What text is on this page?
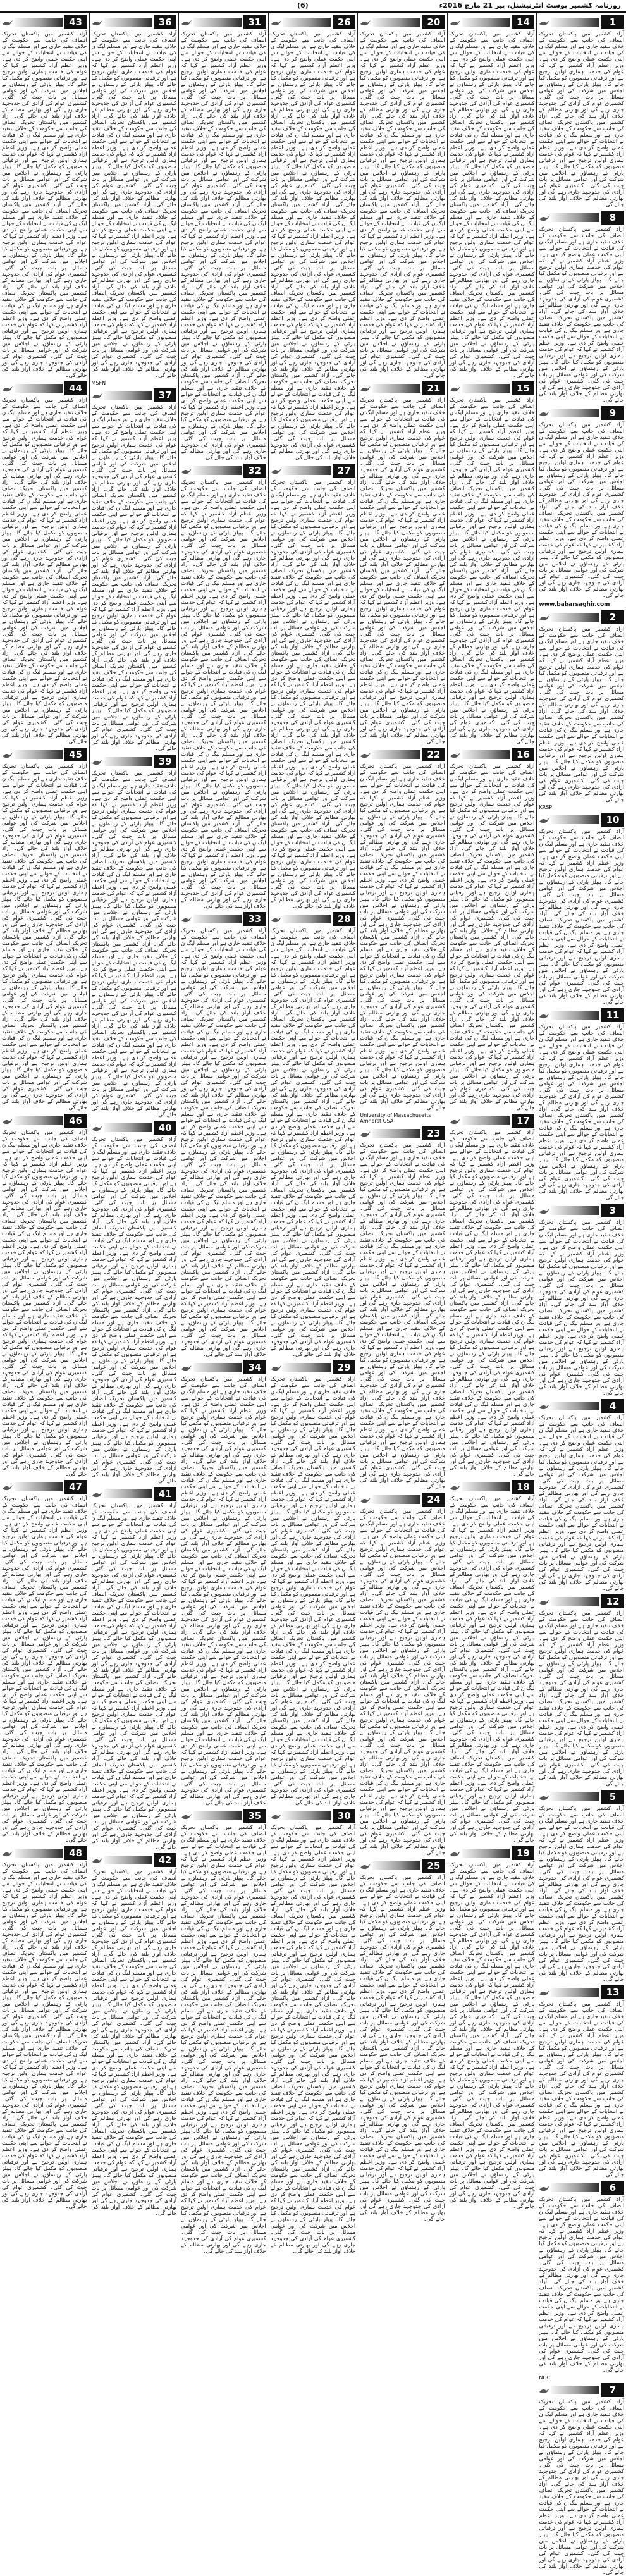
روزنامہ کشمیر پوسٹ انٹرنیشنل، پیر 21 مارچ 2016ء
(6)
1
آزاد کشمیر میں پاکستان تحریک انصاف کی جانب سے حکومت کے خلاف تنقید جاری ہے اور مسلم لیگ ن کی قیادت نے انتخابات کے حوالے سے اپنی حکمت عملی واضح کر دی ہے۔ وزیر اعظم آزاد کشمیر نے کہا کہ عوام کی خدمت ہماری اولین ترجیح ہے اور ترقیاتی منصوبوں کو مکمل کیا جائے گا۔ پیپلز پارٹی کے رہنماؤں نے اجلاس میں شرکت کی اور عوامی مسائل پر بات چیت کی گئی۔ کشمیری عوام کی آزادی کی جدوجہد جاری رہے گی اور بھارتی مظالم کے خلاف آواز بلند کی جائے گی۔ آزاد کشمیر میں پاکستان تحریک انصاف کی جانب سے حکومت کے خلاف تنقید جاری ہے اور مسلم لیگ ن کی قیادت نے انتخابات کے حوالے سے اپنی حکمت عملی واضح کر دی ہے۔ وزیر اعظم آزاد کشمیر نے کہا کہ عوام کی خدمت ہماری اولین ترجیح ہے اور ترقیاتی منصوبوں کو مکمل کیا جائے گا۔ پیپلز پارٹی کے رہنماؤں نے اجلاس میں شرکت کی اور عوامی مسائل پر بات چیت کی گئی۔ کشمیری عوام کی آزادی کی جدوجہد جاری رہے گی اور بھارتی مظالم کے خلاف آواز بلند کی جائے گی۔
8
آزاد کشمیر میں پاکستان تحریک انصاف کی جانب سے حکومت کے خلاف تنقید جاری ہے اور مسلم لیگ ن کی قیادت نے انتخابات کے حوالے سے اپنی حکمت عملی واضح کر دی ہے۔ وزیر اعظم آزاد کشمیر نے کہا کہ عوام کی خدمت ہماری اولین ترجیح ہے اور ترقیاتی منصوبوں کو مکمل کیا جائے گا۔ پیپلز پارٹی کے رہنماؤں نے اجلاس میں شرکت کی اور عوامی مسائل پر بات چیت کی گئی۔ کشمیری عوام کی آزادی کی جدوجہد جاری رہے گی اور بھارتی مظالم کے خلاف آواز بلند کی جائے گی۔ آزاد کشمیر میں پاکستان تحریک انصاف کی جانب سے حکومت کے خلاف تنقید جاری ہے اور مسلم لیگ ن کی قیادت نے انتخابات کے حوالے سے اپنی حکمت عملی واضح کر دی ہے۔ وزیر اعظم آزاد کشمیر نے کہا کہ عوام کی خدمت ہماری اولین ترجیح ہے اور ترقیاتی منصوبوں کو مکمل کیا جائے گا۔ پیپلز پارٹی کے رہنماؤں نے اجلاس میں شرکت کی اور عوامی مسائل پر بات چیت کی گئی۔ کشمیری عوام کی آزادی کی جدوجہد جاری رہے گی اور بھارتی مظالم کے خلاف آواز بلند کی جائے گی۔
9
آزاد کشمیر میں پاکستان تحریک انصاف کی جانب سے حکومت کے خلاف تنقید جاری ہے اور مسلم لیگ ن کی قیادت نے انتخابات کے حوالے سے اپنی حکمت عملی واضح کر دی ہے۔ وزیر اعظم آزاد کشمیر نے کہا کہ عوام کی خدمت ہماری اولین ترجیح ہے اور ترقیاتی منصوبوں کو مکمل کیا جائے گا۔ پیپلز پارٹی کے رہنماؤں نے اجلاس میں شرکت کی اور عوامی مسائل پر بات چیت کی گئی۔ کشمیری عوام کی آزادی کی جدوجہد جاری رہے گی اور بھارتی مظالم کے خلاف آواز بلند کی جائے گی۔ آزاد کشمیر میں پاکستان تحریک انصاف کی جانب سے حکومت کے خلاف تنقید جاری ہے اور مسلم لیگ ن کی قیادت نے انتخابات کے حوالے سے اپنی حکمت عملی واضح کر دی ہے۔ وزیر اعظم آزاد کشمیر نے کہا کہ عوام کی خدمت ہماری اولین ترجیح ہے اور ترقیاتی منصوبوں کو مکمل کیا جائے گا۔ پیپلز پارٹی کے رہنماؤں نے اجلاس میں شرکت کی اور عوامی مسائل پر بات چیت کی گئی۔ کشمیری عوام کی آزادی کی جدوجہد جاری رہے گی اور بھارتی مظالم کے خلاف آواز بلند کی جائے گی۔
www.babarsaghir.com
2
آزاد کشمیر میں پاکستان تحریک انصاف کی جانب سے حکومت کے خلاف تنقید جاری ہے اور مسلم لیگ ن کی قیادت نے انتخابات کے حوالے سے اپنی حکمت عملی واضح کر دی ہے۔ وزیر اعظم آزاد کشمیر نے کہا کہ عوام کی خدمت ہماری اولین ترجیح ہے اور ترقیاتی منصوبوں کو مکمل کیا جائے گا۔ پیپلز پارٹی کے رہنماؤں نے اجلاس میں شرکت کی اور عوامی مسائل پر بات چیت کی گئی۔ کشمیری عوام کی آزادی کی جدوجہد جاری رہے گی اور بھارتی مظالم کے خلاف آواز بلند کی جائے گی۔ آزاد کشمیر میں پاکستان تحریک انصاف کی جانب سے حکومت کے خلاف تنقید جاری ہے اور مسلم لیگ ن کی قیادت نے انتخابات کے حوالے سے اپنی حکمت عملی واضح کر دی ہے۔ وزیر اعظم آزاد کشمیر نے کہا کہ عوام کی خدمت ہماری اولین ترجیح ہے اور ترقیاتی منصوبوں کو مکمل کیا جائے گا۔ پیپلز پارٹی کے رہنماؤں نے اجلاس میں شرکت کی اور عوامی مسائل پر بات چیت کی گئی۔ کشمیری عوام کی آزادی کی جدوجہد جاری رہے گی اور بھارتی مظالم کے خلاف آواز بلند کی جائے گی۔
KRSP
10
آزاد کشمیر میں پاکستان تحریک انصاف کی جانب سے حکومت کے خلاف تنقید جاری ہے اور مسلم لیگ ن کی قیادت نے انتخابات کے حوالے سے اپنی حکمت عملی واضح کر دی ہے۔ وزیر اعظم آزاد کشمیر نے کہا کہ عوام کی خدمت ہماری اولین ترجیح ہے اور ترقیاتی منصوبوں کو مکمل کیا جائے گا۔ پیپلز پارٹی کے رہنماؤں نے اجلاس میں شرکت کی اور عوامی مسائل پر بات چیت کی گئی۔ کشمیری عوام کی آزادی کی جدوجہد جاری رہے گی اور بھارتی مظالم کے خلاف آواز بلند کی جائے گی۔ آزاد کشمیر میں پاکستان تحریک انصاف کی جانب سے حکومت کے خلاف تنقید جاری ہے اور مسلم لیگ ن کی قیادت نے انتخابات کے حوالے سے اپنی حکمت عملی واضح کر دی ہے۔ وزیر اعظم آزاد کشمیر نے کہا کہ عوام کی خدمت ہماری اولین ترجیح ہے اور ترقیاتی منصوبوں کو مکمل کیا جائے گا۔ پیپلز پارٹی کے رہنماؤں نے اجلاس میں شرکت کی اور عوامی مسائل پر بات چیت کی گئی۔ کشمیری عوام کی آزادی کی جدوجہد جاری رہے گی اور بھارتی مظالم کے خلاف آواز بلند کی جائے گی۔
11
آزاد کشمیر میں پاکستان تحریک انصاف کی جانب سے حکومت کے خلاف تنقید جاری ہے اور مسلم لیگ ن کی قیادت نے انتخابات کے حوالے سے اپنی حکمت عملی واضح کر دی ہے۔ وزیر اعظم آزاد کشمیر نے کہا کہ عوام کی خدمت ہماری اولین ترجیح ہے اور ترقیاتی منصوبوں کو مکمل کیا جائے گا۔ پیپلز پارٹی کے رہنماؤں نے اجلاس میں شرکت کی اور عوامی مسائل پر بات چیت کی گئی۔ کشمیری عوام کی آزادی کی جدوجہد جاری رہے گی اور بھارتی مظالم کے خلاف آواز بلند کی جائے گی۔ آزاد کشمیر میں پاکستان تحریک انصاف کی جانب سے حکومت کے خلاف تنقید جاری ہے اور مسلم لیگ ن کی قیادت نے انتخابات کے حوالے سے اپنی حکمت عملی واضح کر دی ہے۔ وزیر اعظم آزاد کشمیر نے کہا کہ عوام کی خدمت ہماری اولین ترجیح ہے اور ترقیاتی منصوبوں کو مکمل کیا جائے گا۔ پیپلز پارٹی کے رہنماؤں نے اجلاس میں شرکت کی اور عوامی مسائل پر بات چیت کی گئی۔ کشمیری عوام کی آزادی کی جدوجہد جاری رہے گی اور بھارتی مظالم کے خلاف آواز بلند کی جائے گی۔
3
آزاد کشمیر میں پاکستان تحریک انصاف کی جانب سے حکومت کے خلاف تنقید جاری ہے اور مسلم لیگ ن کی قیادت نے انتخابات کے حوالے سے اپنی حکمت عملی واضح کر دی ہے۔ وزیر اعظم آزاد کشمیر نے کہا کہ عوام کی خدمت ہماری اولین ترجیح ہے اور ترقیاتی منصوبوں کو مکمل کیا جائے گا۔ پیپلز پارٹی کے رہنماؤں نے اجلاس میں شرکت کی اور عوامی مسائل پر بات چیت کی گئی۔ کشمیری عوام کی آزادی کی جدوجہد جاری رہے گی اور بھارتی مظالم کے خلاف آواز بلند کی جائے گی۔ آزاد کشمیر میں پاکستان تحریک انصاف کی جانب سے حکومت کے خلاف تنقید جاری ہے اور مسلم لیگ ن کی قیادت نے انتخابات کے حوالے سے اپنی حکمت عملی واضح کر دی ہے۔ وزیر اعظم آزاد کشمیر نے کہا کہ عوام کی خدمت ہماری اولین ترجیح ہے اور ترقیاتی منصوبوں کو مکمل کیا جائے گا۔ پیپلز پارٹی کے رہنماؤں نے اجلاس میں شرکت کی اور عوامی مسائل پر بات چیت کی گئی۔ کشمیری عوام کی آزادی کی جدوجہد جاری رہے گی اور بھارتی مظالم کے خلاف آواز بلند کی جائے گی۔
4
آزاد کشمیر میں پاکستان تحریک انصاف کی جانب سے حکومت کے خلاف تنقید جاری ہے اور مسلم لیگ ن کی قیادت نے انتخابات کے حوالے سے اپنی حکمت عملی واضح کر دی ہے۔ وزیر اعظم آزاد کشمیر نے کہا کہ عوام کی خدمت ہماری اولین ترجیح ہے اور ترقیاتی منصوبوں کو مکمل کیا جائے گا۔ پیپلز پارٹی کے رہنماؤں نے اجلاس میں شرکت کی اور عوامی مسائل پر بات چیت کی گئی۔ کشمیری عوام کی آزادی کی جدوجہد جاری رہے گی اور بھارتی مظالم کے خلاف آواز بلند کی جائے گی۔ آزاد کشمیر میں پاکستان تحریک انصاف کی جانب سے حکومت کے خلاف تنقید جاری ہے اور مسلم لیگ ن کی قیادت نے انتخابات کے حوالے سے اپنی حکمت عملی واضح کر دی ہے۔ وزیر اعظم آزاد کشمیر نے کہا کہ عوام کی خدمت ہماری اولین ترجیح ہے اور ترقیاتی منصوبوں کو مکمل کیا جائے گا۔ پیپلز پارٹی کے رہنماؤں نے اجلاس میں شرکت کی اور عوامی مسائل پر بات چیت کی گئی۔ کشمیری عوام کی آزادی کی جدوجہد جاری رہے گی اور بھارتی مظالم کے خلاف آواز بلند کی جائے گی۔
12
آزاد کشمیر میں پاکستان تحریک انصاف کی جانب سے حکومت کے خلاف تنقید جاری ہے اور مسلم لیگ ن کی قیادت نے انتخابات کے حوالے سے اپنی حکمت عملی واضح کر دی ہے۔ وزیر اعظم آزاد کشمیر نے کہا کہ عوام کی خدمت ہماری اولین ترجیح ہے اور ترقیاتی منصوبوں کو مکمل کیا جائے گا۔ پیپلز پارٹی کے رہنماؤں نے اجلاس میں شرکت کی اور عوامی مسائل پر بات چیت کی گئی۔ کشمیری عوام کی آزادی کی جدوجہد جاری رہے گی اور بھارتی مظالم کے خلاف آواز بلند کی جائے گی۔ آزاد کشمیر میں پاکستان تحریک انصاف کی جانب سے حکومت کے خلاف تنقید جاری ہے اور مسلم لیگ ن کی قیادت نے انتخابات کے حوالے سے اپنی حکمت عملی واضح کر دی ہے۔ وزیر اعظم آزاد کشمیر نے کہا کہ عوام کی خدمت ہماری اولین ترجیح ہے اور ترقیاتی منصوبوں کو مکمل کیا جائے گا۔ پیپلز پارٹی کے رہنماؤں نے اجلاس میں شرکت کی اور عوامی مسائل پر بات چیت کی گئی۔ کشمیری عوام کی آزادی کی جدوجہد جاری رہے گی اور بھارتی مظالم کے خلاف آواز بلند کی جائے گی۔
5
آزاد کشمیر میں پاکستان تحریک انصاف کی جانب سے حکومت کے خلاف تنقید جاری ہے اور مسلم لیگ ن کی قیادت نے انتخابات کے حوالے سے اپنی حکمت عملی واضح کر دی ہے۔ وزیر اعظم آزاد کشمیر نے کہا کہ عوام کی خدمت ہماری اولین ترجیح ہے اور ترقیاتی منصوبوں کو مکمل کیا جائے گا۔ پیپلز پارٹی کے رہنماؤں نے اجلاس میں شرکت کی اور عوامی مسائل پر بات چیت کی گئی۔ کشمیری عوام کی آزادی کی جدوجہد جاری رہے گی اور بھارتی مظالم کے خلاف آواز بلند کی جائے گی۔ آزاد کشمیر میں پاکستان تحریک انصاف کی جانب سے حکومت کے خلاف تنقید جاری ہے اور مسلم لیگ ن کی قیادت نے انتخابات کے حوالے سے اپنی حکمت عملی واضح کر دی ہے۔ وزیر اعظم آزاد کشمیر نے کہا کہ عوام کی خدمت ہماری اولین ترجیح ہے اور ترقیاتی منصوبوں کو مکمل کیا جائے گا۔ پیپلز پارٹی کے رہنماؤں نے اجلاس میں شرکت کی اور عوامی مسائل پر بات چیت کی گئی۔ کشمیری عوام کی آزادی کی جدوجہد جاری رہے گی اور بھارتی مظالم کے خلاف آواز بلند کی جائے گی۔
13
آزاد کشمیر میں پاکستان تحریک انصاف کی جانب سے حکومت کے خلاف تنقید جاری ہے اور مسلم لیگ ن کی قیادت نے انتخابات کے حوالے سے اپنی حکمت عملی واضح کر دی ہے۔ وزیر اعظم آزاد کشمیر نے کہا کہ عوام کی خدمت ہماری اولین ترجیح ہے اور ترقیاتی منصوبوں کو مکمل کیا جائے گا۔ پیپلز پارٹی کے رہنماؤں نے اجلاس میں شرکت کی اور عوامی مسائل پر بات چیت کی گئی۔ کشمیری عوام کی آزادی کی جدوجہد جاری رہے گی اور بھارتی مظالم کے خلاف آواز بلند کی جائے گی۔ آزاد کشمیر میں پاکستان تحریک انصاف کی جانب سے حکومت کے خلاف تنقید جاری ہے اور مسلم لیگ ن کی قیادت نے انتخابات کے حوالے سے اپنی حکمت عملی واضح کر دی ہے۔ وزیر اعظم آزاد کشمیر نے کہا کہ عوام کی خدمت ہماری اولین ترجیح ہے اور ترقیاتی منصوبوں کو مکمل کیا جائے گا۔ پیپلز پارٹی کے رہنماؤں نے اجلاس میں شرکت کی اور عوامی مسائل پر بات چیت کی گئی۔ کشمیری عوام کی آزادی کی جدوجہد جاری رہے گی اور بھارتی مظالم کے خلاف آواز بلند کی جائے گی۔
6
آزاد کشمیر میں پاکستان تحریک انصاف کی جانب سے حکومت کے خلاف تنقید جاری ہے اور مسلم لیگ ن کی قیادت نے انتخابات کے حوالے سے اپنی حکمت عملی واضح کر دی ہے۔ وزیر اعظم آزاد کشمیر نے کہا کہ عوام کی خدمت ہماری اولین ترجیح ہے اور ترقیاتی منصوبوں کو مکمل کیا جائے گا۔ پیپلز پارٹی کے رہنماؤں نے اجلاس میں شرکت کی اور عوامی مسائل پر بات چیت کی گئی۔ کشمیری عوام کی آزادی کی جدوجہد جاری رہے گی اور بھارتی مظالم کے خلاف آواز بلند کی جائے گی۔ آزاد کشمیر میں پاکستان تحریک انصاف کی جانب سے حکومت کے خلاف تنقید جاری ہے اور مسلم لیگ ن کی قیادت نے انتخابات کے حوالے سے اپنی حکمت عملی واضح کر دی ہے۔ وزیر اعظم آزاد کشمیر نے کہا کہ عوام کی خدمت ہماری اولین ترجیح ہے اور ترقیاتی منصوبوں کو مکمل کیا جائے گا۔ پیپلز پارٹی کے رہنماؤں نے اجلاس میں شرکت کی اور عوامی مسائل پر بات چیت کی گئی۔ کشمیری عوام کی آزادی کی جدوجہد جاری رہے گی اور بھارتی مظالم کے خلاف آواز بلند کی جائے گی۔
NOC
7
آزاد کشمیر میں پاکستان تحریک انصاف کی جانب سے حکومت کے خلاف تنقید جاری ہے اور مسلم لیگ ن کی قیادت نے انتخابات کے حوالے سے اپنی حکمت عملی واضح کر دی ہے۔ وزیر اعظم آزاد کشمیر نے کہا کہ عوام کی خدمت ہماری اولین ترجیح ہے اور ترقیاتی منصوبوں کو مکمل کیا جائے گا۔ پیپلز پارٹی کے رہنماؤں نے اجلاس میں شرکت کی اور عوامی مسائل پر بات چیت کی گئی۔ کشمیری عوام کی آزادی کی جدوجہد جاری رہے گی اور بھارتی مظالم کے خلاف آواز بلند کی جائے گی۔ آزاد کشمیر میں پاکستان تحریک انصاف کی جانب سے حکومت کے خلاف تنقید جاری ہے اور مسلم لیگ ن کی قیادت نے انتخابات کے حوالے سے اپنی حکمت عملی واضح کر دی ہے۔ وزیر اعظم آزاد کشمیر نے کہا کہ عوام کی خدمت ہماری اولین ترجیح ہے اور ترقیاتی منصوبوں کو مکمل کیا جائے گا۔ پیپلز پارٹی کے رہنماؤں نے اجلاس میں شرکت کی اور عوامی مسائل پر بات چیت کی گئی۔ کشمیری عوام کی آزادی کی جدوجہد جاری رہے گی اور بھارتی مظالم کے خلاف آواز بلند کی جائے گی۔
14
آزاد کشمیر میں پاکستان تحریک انصاف کی جانب سے حکومت کے خلاف تنقید جاری ہے اور مسلم لیگ ن کی قیادت نے انتخابات کے حوالے سے اپنی حکمت عملی واضح کر دی ہے۔ وزیر اعظم آزاد کشمیر نے کہا کہ عوام کی خدمت ہماری اولین ترجیح ہے اور ترقیاتی منصوبوں کو مکمل کیا جائے گا۔ پیپلز پارٹی کے رہنماؤں نے اجلاس میں شرکت کی اور عوامی مسائل پر بات چیت کی گئی۔ کشمیری عوام کی آزادی کی جدوجہد جاری رہے گی اور بھارتی مظالم کے خلاف آواز بلند کی جائے گی۔ آزاد کشمیر میں پاکستان تحریک انصاف کی جانب سے حکومت کے خلاف تنقید جاری ہے اور مسلم لیگ ن کی قیادت نے انتخابات کے حوالے سے اپنی حکمت عملی واضح کر دی ہے۔ وزیر اعظم آزاد کشمیر نے کہا کہ عوام کی خدمت ہماری اولین ترجیح ہے اور ترقیاتی منصوبوں کو مکمل کیا جائے گا۔ پیپلز پارٹی کے رہنماؤں نے اجلاس میں شرکت کی اور عوامی مسائل پر بات چیت کی گئی۔ کشمیری عوام کی آزادی کی جدوجہد جاری رہے گی اور بھارتی مظالم کے خلاف آواز بلند کی جائے گی۔ آزاد کشمیر میں پاکستان تحریک انصاف کی جانب سے حکومت کے خلاف تنقید جاری ہے اور مسلم لیگ ن کی قیادت نے انتخابات کے حوالے سے اپنی حکمت عملی واضح کر دی ہے۔ وزیر اعظم آزاد کشمیر نے کہا کہ عوام کی خدمت ہماری اولین ترجیح ہے اور ترقیاتی منصوبوں کو مکمل کیا جائے گا۔ پیپلز پارٹی کے رہنماؤں نے اجلاس میں شرکت کی اور عوامی مسائل پر بات چیت کی گئی۔ کشمیری عوام کی آزادی کی جدوجہد جاری رہے گی اور بھارتی مظالم کے خلاف آواز بلند کی جائے گی۔ آزاد کشمیر میں پاکستان تحریک انصاف کی جانب سے حکومت کے خلاف تنقید جاری ہے اور مسلم لیگ ن کی قیادت نے انتخابات کے حوالے سے اپنی حکمت عملی واضح کر دی ہے۔ وزیر اعظم آزاد کشمیر نے کہا کہ عوام کی خدمت ہماری اولین ترجیح ہے اور ترقیاتی منصوبوں کو مکمل کیا جائے گا۔ پیپلز پارٹی کے رہنماؤں نے اجلاس میں شرکت کی اور عوامی مسائل پر بات چیت کی گئی۔ کشمیری عوام کی آزادی کی جدوجہد جاری رہے گی اور بھارتی مظالم کے خلاف آواز بلند کی جائے گی۔
15
آزاد کشمیر میں پاکستان تحریک انصاف کی جانب سے حکومت کے خلاف تنقید جاری ہے اور مسلم لیگ ن کی قیادت نے انتخابات کے حوالے سے اپنی حکمت عملی واضح کر دی ہے۔ وزیر اعظم آزاد کشمیر نے کہا کہ عوام کی خدمت ہماری اولین ترجیح ہے اور ترقیاتی منصوبوں کو مکمل کیا جائے گا۔ پیپلز پارٹی کے رہنماؤں نے اجلاس میں شرکت کی اور عوامی مسائل پر بات چیت کی گئی۔ کشمیری عوام کی آزادی کی جدوجہد جاری رہے گی اور بھارتی مظالم کے خلاف آواز بلند کی جائے گی۔ آزاد کشمیر میں پاکستان تحریک انصاف کی جانب سے حکومت کے خلاف تنقید جاری ہے اور مسلم لیگ ن کی قیادت نے انتخابات کے حوالے سے اپنی حکمت عملی واضح کر دی ہے۔ وزیر اعظم آزاد کشمیر نے کہا کہ عوام کی خدمت ہماری اولین ترجیح ہے اور ترقیاتی منصوبوں کو مکمل کیا جائے گا۔ پیپلز پارٹی کے رہنماؤں نے اجلاس میں شرکت کی اور عوامی مسائل پر بات چیت کی گئی۔ کشمیری عوام کی آزادی کی جدوجہد جاری رہے گی اور بھارتی مظالم کے خلاف آواز بلند کی جائے گی۔ آزاد کشمیر میں پاکستان تحریک انصاف کی جانب سے حکومت کے خلاف تنقید جاری ہے اور مسلم لیگ ن کی قیادت نے انتخابات کے حوالے سے اپنی حکمت عملی واضح کر دی ہے۔ وزیر اعظم آزاد کشمیر نے کہا کہ عوام کی خدمت ہماری اولین ترجیح ہے اور ترقیاتی منصوبوں کو مکمل کیا جائے گا۔ پیپلز پارٹی کے رہنماؤں نے اجلاس میں شرکت کی اور عوامی مسائل پر بات چیت کی گئی۔ کشمیری عوام کی آزادی کی جدوجہد جاری رہے گی اور بھارتی مظالم کے خلاف آواز بلند کی جائے گی۔ آزاد کشمیر میں پاکستان تحریک انصاف کی جانب سے حکومت کے خلاف تنقید جاری ہے اور مسلم لیگ ن کی قیادت نے انتخابات کے حوالے سے اپنی حکمت عملی واضح کر دی ہے۔ وزیر اعظم آزاد کشمیر نے کہا کہ عوام کی خدمت ہماری اولین ترجیح ہے اور ترقیاتی منصوبوں کو مکمل کیا جائے گا۔ پیپلز پارٹی کے رہنماؤں نے اجلاس میں شرکت کی اور عوامی مسائل پر بات چیت کی گئی۔ کشمیری عوام کی آزادی کی جدوجہد جاری رہے گی اور بھارتی مظالم کے خلاف آواز بلند کی جائے گی۔
16
آزاد کشمیر میں پاکستان تحریک انصاف کی جانب سے حکومت کے خلاف تنقید جاری ہے اور مسلم لیگ ن کی قیادت نے انتخابات کے حوالے سے اپنی حکمت عملی واضح کر دی ہے۔ وزیر اعظم آزاد کشمیر نے کہا کہ عوام کی خدمت ہماری اولین ترجیح ہے اور ترقیاتی منصوبوں کو مکمل کیا جائے گا۔ پیپلز پارٹی کے رہنماؤں نے اجلاس میں شرکت کی اور عوامی مسائل پر بات چیت کی گئی۔ کشمیری عوام کی آزادی کی جدوجہد جاری رہے گی اور بھارتی مظالم کے خلاف آواز بلند کی جائے گی۔ آزاد کشمیر میں پاکستان تحریک انصاف کی جانب سے حکومت کے خلاف تنقید جاری ہے اور مسلم لیگ ن کی قیادت نے انتخابات کے حوالے سے اپنی حکمت عملی واضح کر دی ہے۔ وزیر اعظم آزاد کشمیر نے کہا کہ عوام کی خدمت ہماری اولین ترجیح ہے اور ترقیاتی منصوبوں کو مکمل کیا جائے گا۔ پیپلز پارٹی کے رہنماؤں نے اجلاس میں شرکت کی اور عوامی مسائل پر بات چیت کی گئی۔ کشمیری عوام کی آزادی کی جدوجہد جاری رہے گی اور بھارتی مظالم کے خلاف آواز بلند کی جائے گی۔ آزاد کشمیر میں پاکستان تحریک انصاف کی جانب سے حکومت کے خلاف تنقید جاری ہے اور مسلم لیگ ن کی قیادت نے انتخابات کے حوالے سے اپنی حکمت عملی واضح کر دی ہے۔ وزیر اعظم آزاد کشمیر نے کہا کہ عوام کی خدمت ہماری اولین ترجیح ہے اور ترقیاتی منصوبوں کو مکمل کیا جائے گا۔ پیپلز پارٹی کے رہنماؤں نے اجلاس میں شرکت کی اور عوامی مسائل پر بات چیت کی گئی۔ کشمیری عوام کی آزادی کی جدوجہد جاری رہے گی اور بھارتی مظالم کے خلاف آواز بلند کی جائے گی۔ آزاد کشمیر میں پاکستان تحریک انصاف کی جانب سے حکومت کے خلاف تنقید جاری ہے اور مسلم لیگ ن کی قیادت نے انتخابات کے حوالے سے اپنی حکمت عملی واضح کر دی ہے۔ وزیر اعظم آزاد کشمیر نے کہا کہ عوام کی خدمت ہماری اولین ترجیح ہے اور ترقیاتی منصوبوں کو مکمل کیا جائے گا۔ پیپلز پارٹی کے رہنماؤں نے اجلاس میں شرکت کی اور عوامی مسائل پر بات چیت کی گئی۔ کشمیری عوام کی آزادی کی جدوجہد جاری رہے گی اور بھارتی مظالم کے خلاف آواز بلند کی جائے گی۔
17
آزاد کشمیر میں پاکستان تحریک انصاف کی جانب سے حکومت کے خلاف تنقید جاری ہے اور مسلم لیگ ن کی قیادت نے انتخابات کے حوالے سے اپنی حکمت عملی واضح کر دی ہے۔ وزیر اعظم آزاد کشمیر نے کہا کہ عوام کی خدمت ہماری اولین ترجیح ہے اور ترقیاتی منصوبوں کو مکمل کیا جائے گا۔ پیپلز پارٹی کے رہنماؤں نے اجلاس میں شرکت کی اور عوامی مسائل پر بات چیت کی گئی۔ کشمیری عوام کی آزادی کی جدوجہد جاری رہے گی اور بھارتی مظالم کے خلاف آواز بلند کی جائے گی۔ آزاد کشمیر میں پاکستان تحریک انصاف کی جانب سے حکومت کے خلاف تنقید جاری ہے اور مسلم لیگ ن کی قیادت نے انتخابات کے حوالے سے اپنی حکمت عملی واضح کر دی ہے۔ وزیر اعظم آزاد کشمیر نے کہا کہ عوام کی خدمت ہماری اولین ترجیح ہے اور ترقیاتی منصوبوں کو مکمل کیا جائے گا۔ پیپلز پارٹی کے رہنماؤں نے اجلاس میں شرکت کی اور عوامی مسائل پر بات چیت کی گئی۔ کشمیری عوام کی آزادی کی جدوجہد جاری رہے گی اور بھارتی مظالم کے خلاف آواز بلند کی جائے گی۔ آزاد کشمیر میں پاکستان تحریک انصاف کی جانب سے حکومت کے خلاف تنقید جاری ہے اور مسلم لیگ ن کی قیادت نے انتخابات کے حوالے سے اپنی حکمت عملی واضح کر دی ہے۔ وزیر اعظم آزاد کشمیر نے کہا کہ عوام کی خدمت ہماری اولین ترجیح ہے اور ترقیاتی منصوبوں کو مکمل کیا جائے گا۔ پیپلز پارٹی کے رہنماؤں نے اجلاس میں شرکت کی اور عوامی مسائل پر بات چیت کی گئی۔ کشمیری عوام کی آزادی کی جدوجہد جاری رہے گی اور بھارتی مظالم کے خلاف آواز بلند کی جائے گی۔ آزاد کشمیر میں پاکستان تحریک انصاف کی جانب سے حکومت کے خلاف تنقید جاری ہے اور مسلم لیگ ن کی قیادت نے انتخابات کے حوالے سے اپنی حکمت عملی واضح کر دی ہے۔ وزیر اعظم آزاد کشمیر نے کہا کہ عوام کی خدمت ہماری اولین ترجیح ہے اور ترقیاتی منصوبوں کو مکمل کیا جائے گا۔ پیپلز پارٹی کے رہنماؤں نے اجلاس میں شرکت کی اور عوامی مسائل پر بات چیت کی گئی۔ کشمیری عوام کی آزادی کی جدوجہد جاری رہے گی اور بھارتی مظالم کے خلاف آواز بلند کی جائے گی۔
18
آزاد کشمیر میں پاکستان تحریک انصاف کی جانب سے حکومت کے خلاف تنقید جاری ہے اور مسلم لیگ ن کی قیادت نے انتخابات کے حوالے سے اپنی حکمت عملی واضح کر دی ہے۔ وزیر اعظم آزاد کشمیر نے کہا کہ عوام کی خدمت ہماری اولین ترجیح ہے اور ترقیاتی منصوبوں کو مکمل کیا جائے گا۔ پیپلز پارٹی کے رہنماؤں نے اجلاس میں شرکت کی اور عوامی مسائل پر بات چیت کی گئی۔ کشمیری عوام کی آزادی کی جدوجہد جاری رہے گی اور بھارتی مظالم کے خلاف آواز بلند کی جائے گی۔ آزاد کشمیر میں پاکستان تحریک انصاف کی جانب سے حکومت کے خلاف تنقید جاری ہے اور مسلم لیگ ن کی قیادت نے انتخابات کے حوالے سے اپنی حکمت عملی واضح کر دی ہے۔ وزیر اعظم آزاد کشمیر نے کہا کہ عوام کی خدمت ہماری اولین ترجیح ہے اور ترقیاتی منصوبوں کو مکمل کیا جائے گا۔ پیپلز پارٹی کے رہنماؤں نے اجلاس میں شرکت کی اور عوامی مسائل پر بات چیت کی گئی۔ کشمیری عوام کی آزادی کی جدوجہد جاری رہے گی اور بھارتی مظالم کے خلاف آواز بلند کی جائے گی۔ آزاد کشمیر میں پاکستان تحریک انصاف کی جانب سے حکومت کے خلاف تنقید جاری ہے اور مسلم لیگ ن کی قیادت نے انتخابات کے حوالے سے اپنی حکمت عملی واضح کر دی ہے۔ وزیر اعظم آزاد کشمیر نے کہا کہ عوام کی خدمت ہماری اولین ترجیح ہے اور ترقیاتی منصوبوں کو مکمل کیا جائے گا۔ پیپلز پارٹی کے رہنماؤں نے اجلاس میں شرکت کی اور عوامی مسائل پر بات چیت کی گئی۔ کشمیری عوام کی آزادی کی جدوجہد جاری رہے گی اور بھارتی مظالم کے خلاف آواز بلند کی جائے گی۔ آزاد کشمیر میں پاکستان تحریک انصاف کی جانب سے حکومت کے خلاف تنقید جاری ہے اور مسلم لیگ ن کی قیادت نے انتخابات کے حوالے سے اپنی حکمت عملی واضح کر دی ہے۔ وزیر اعظم آزاد کشمیر نے کہا کہ عوام کی خدمت ہماری اولین ترجیح ہے اور ترقیاتی منصوبوں کو مکمل کیا جائے گا۔ پیپلز پارٹی کے رہنماؤں نے اجلاس میں شرکت کی اور عوامی مسائل پر بات چیت کی گئی۔ کشمیری عوام کی آزادی کی جدوجہد جاری رہے گی اور بھارتی مظالم کے خلاف آواز بلند کی جائے گی۔
19
آزاد کشمیر میں پاکستان تحریک انصاف کی جانب سے حکومت کے خلاف تنقید جاری ہے اور مسلم لیگ ن کی قیادت نے انتخابات کے حوالے سے اپنی حکمت عملی واضح کر دی ہے۔ وزیر اعظم آزاد کشمیر نے کہا کہ عوام کی خدمت ہماری اولین ترجیح ہے اور ترقیاتی منصوبوں کو مکمل کیا جائے گا۔ پیپلز پارٹی کے رہنماؤں نے اجلاس میں شرکت کی اور عوامی مسائل پر بات چیت کی گئی۔ کشمیری عوام کی آزادی کی جدوجہد جاری رہے گی اور بھارتی مظالم کے خلاف آواز بلند کی جائے گی۔ آزاد کشمیر میں پاکستان تحریک انصاف کی جانب سے حکومت کے خلاف تنقید جاری ہے اور مسلم لیگ ن کی قیادت نے انتخابات کے حوالے سے اپنی حکمت عملی واضح کر دی ہے۔ وزیر اعظم آزاد کشمیر نے کہا کہ عوام کی خدمت ہماری اولین ترجیح ہے اور ترقیاتی منصوبوں کو مکمل کیا جائے گا۔ پیپلز پارٹی کے رہنماؤں نے اجلاس میں شرکت کی اور عوامی مسائل پر بات چیت کی گئی۔ کشمیری عوام کی آزادی کی جدوجہد جاری رہے گی اور بھارتی مظالم کے خلاف آواز بلند کی جائے گی۔ آزاد کشمیر میں پاکستان تحریک انصاف کی جانب سے حکومت کے خلاف تنقید جاری ہے اور مسلم لیگ ن کی قیادت نے انتخابات کے حوالے سے اپنی حکمت عملی واضح کر دی ہے۔ وزیر اعظم آزاد کشمیر نے کہا کہ عوام کی خدمت ہماری اولین ترجیح ہے اور ترقیاتی منصوبوں کو مکمل کیا جائے گا۔ پیپلز پارٹی کے رہنماؤں نے اجلاس میں شرکت کی اور عوامی مسائل پر بات چیت کی گئی۔ کشمیری عوام کی آزادی کی جدوجہد جاری رہے گی اور بھارتی مظالم کے خلاف آواز بلند کی جائے گی۔ آزاد کشمیر میں پاکستان تحریک انصاف کی جانب سے حکومت کے خلاف تنقید جاری ہے اور مسلم لیگ ن کی قیادت نے انتخابات کے حوالے سے اپنی حکمت عملی واضح کر دی ہے۔ وزیر اعظم آزاد کشمیر نے کہا کہ عوام کی خدمت ہماری اولین ترجیح ہے اور ترقیاتی منصوبوں کو مکمل کیا جائے گا۔ پیپلز پارٹی کے رہنماؤں نے اجلاس میں شرکت کی اور عوامی مسائل پر بات چیت کی گئی۔ کشمیری عوام کی آزادی کی جدوجہد جاری رہے گی اور بھارتی مظالم کے خلاف آواز بلند کی جائے گی۔
20
آزاد کشمیر میں پاکستان تحریک انصاف کی جانب سے حکومت کے خلاف تنقید جاری ہے اور مسلم لیگ ن کی قیادت نے انتخابات کے حوالے سے اپنی حکمت عملی واضح کر دی ہے۔ وزیر اعظم آزاد کشمیر نے کہا کہ عوام کی خدمت ہماری اولین ترجیح ہے اور ترقیاتی منصوبوں کو مکمل کیا جائے گا۔ پیپلز پارٹی کے رہنماؤں نے اجلاس میں شرکت کی اور عوامی مسائل پر بات چیت کی گئی۔ کشمیری عوام کی آزادی کی جدوجہد جاری رہے گی اور بھارتی مظالم کے خلاف آواز بلند کی جائے گی۔ آزاد کشمیر میں پاکستان تحریک انصاف کی جانب سے حکومت کے خلاف تنقید جاری ہے اور مسلم لیگ ن کی قیادت نے انتخابات کے حوالے سے اپنی حکمت عملی واضح کر دی ہے۔ وزیر اعظم آزاد کشمیر نے کہا کہ عوام کی خدمت ہماری اولین ترجیح ہے اور ترقیاتی منصوبوں کو مکمل کیا جائے گا۔ پیپلز پارٹی کے رہنماؤں نے اجلاس میں شرکت کی اور عوامی مسائل پر بات چیت کی گئی۔ کشمیری عوام کی آزادی کی جدوجہد جاری رہے گی اور بھارتی مظالم کے خلاف آواز بلند کی جائے گی۔ آزاد کشمیر میں پاکستان تحریک انصاف کی جانب سے حکومت کے خلاف تنقید جاری ہے اور مسلم لیگ ن کی قیادت نے انتخابات کے حوالے سے اپنی حکمت عملی واضح کر دی ہے۔ وزیر اعظم آزاد کشمیر نے کہا کہ عوام کی خدمت ہماری اولین ترجیح ہے اور ترقیاتی منصوبوں کو مکمل کیا جائے گا۔ پیپلز پارٹی کے رہنماؤں نے اجلاس میں شرکت کی اور عوامی مسائل پر بات چیت کی گئی۔ کشمیری عوام کی آزادی کی جدوجہد جاری رہے گی اور بھارتی مظالم کے خلاف آواز بلند کی جائے گی۔ آزاد کشمیر میں پاکستان تحریک انصاف کی جانب سے حکومت کے خلاف تنقید جاری ہے اور مسلم لیگ ن کی قیادت نے انتخابات کے حوالے سے اپنی حکمت عملی واضح کر دی ہے۔ وزیر اعظم آزاد کشمیر نے کہا کہ عوام کی خدمت ہماری اولین ترجیح ہے اور ترقیاتی منصوبوں کو مکمل کیا جائے گا۔ پیپلز پارٹی کے رہنماؤں نے اجلاس میں شرکت کی اور عوامی مسائل پر بات چیت کی گئی۔ کشمیری عوام کی آزادی کی جدوجہد جاری رہے گی اور بھارتی مظالم کے خلاف آواز بلند کی جائے گی۔
21
آزاد کشمیر میں پاکستان تحریک انصاف کی جانب سے حکومت کے خلاف تنقید جاری ہے اور مسلم لیگ ن کی قیادت نے انتخابات کے حوالے سے اپنی حکمت عملی واضح کر دی ہے۔ وزیر اعظم آزاد کشمیر نے کہا کہ عوام کی خدمت ہماری اولین ترجیح ہے اور ترقیاتی منصوبوں کو مکمل کیا جائے گا۔ پیپلز پارٹی کے رہنماؤں نے اجلاس میں شرکت کی اور عوامی مسائل پر بات چیت کی گئی۔ کشمیری عوام کی آزادی کی جدوجہد جاری رہے گی اور بھارتی مظالم کے خلاف آواز بلند کی جائے گی۔ آزاد کشمیر میں پاکستان تحریک انصاف کی جانب سے حکومت کے خلاف تنقید جاری ہے اور مسلم لیگ ن کی قیادت نے انتخابات کے حوالے سے اپنی حکمت عملی واضح کر دی ہے۔ وزیر اعظم آزاد کشمیر نے کہا کہ عوام کی خدمت ہماری اولین ترجیح ہے اور ترقیاتی منصوبوں کو مکمل کیا جائے گا۔ پیپلز پارٹی کے رہنماؤں نے اجلاس میں شرکت کی اور عوامی مسائل پر بات چیت کی گئی۔ کشمیری عوام کی آزادی کی جدوجہد جاری رہے گی اور بھارتی مظالم کے خلاف آواز بلند کی جائے گی۔ آزاد کشمیر میں پاکستان تحریک انصاف کی جانب سے حکومت کے خلاف تنقید جاری ہے اور مسلم لیگ ن کی قیادت نے انتخابات کے حوالے سے اپنی حکمت عملی واضح کر دی ہے۔ وزیر اعظم آزاد کشمیر نے کہا کہ عوام کی خدمت ہماری اولین ترجیح ہے اور ترقیاتی منصوبوں کو مکمل کیا جائے گا۔ پیپلز پارٹی کے رہنماؤں نے اجلاس میں شرکت کی اور عوامی مسائل پر بات چیت کی گئی۔ کشمیری عوام کی آزادی کی جدوجہد جاری رہے گی اور بھارتی مظالم کے خلاف آواز بلند کی جائے گی۔ آزاد کشمیر میں پاکستان تحریک انصاف کی جانب سے حکومت کے خلاف تنقید جاری ہے اور مسلم لیگ ن کی قیادت نے انتخابات کے حوالے سے اپنی حکمت عملی واضح کر دی ہے۔ وزیر اعظم آزاد کشمیر نے کہا کہ عوام کی خدمت ہماری اولین ترجیح ہے اور ترقیاتی منصوبوں کو مکمل کیا جائے گا۔ پیپلز پارٹی کے رہنماؤں نے اجلاس میں شرکت کی اور عوامی مسائل پر بات چیت کی گئی۔ کشمیری عوام کی آزادی کی جدوجہد جاری رہے گی اور بھارتی مظالم کے خلاف آواز بلند کی جائے گی۔
22
آزاد کشمیر میں پاکستان تحریک انصاف کی جانب سے حکومت کے خلاف تنقید جاری ہے اور مسلم لیگ ن کی قیادت نے انتخابات کے حوالے سے اپنی حکمت عملی واضح کر دی ہے۔ وزیر اعظم آزاد کشمیر نے کہا کہ عوام کی خدمت ہماری اولین ترجیح ہے اور ترقیاتی منصوبوں کو مکمل کیا جائے گا۔ پیپلز پارٹی کے رہنماؤں نے اجلاس میں شرکت کی اور عوامی مسائل پر بات چیت کی گئی۔ کشمیری عوام کی آزادی کی جدوجہد جاری رہے گی اور بھارتی مظالم کے خلاف آواز بلند کی جائے گی۔ آزاد کشمیر میں پاکستان تحریک انصاف کی جانب سے حکومت کے خلاف تنقید جاری ہے اور مسلم لیگ ن کی قیادت نے انتخابات کے حوالے سے اپنی حکمت عملی واضح کر دی ہے۔ وزیر اعظم آزاد کشمیر نے کہا کہ عوام کی خدمت ہماری اولین ترجیح ہے اور ترقیاتی منصوبوں کو مکمل کیا جائے گا۔ پیپلز پارٹی کے رہنماؤں نے اجلاس میں شرکت کی اور عوامی مسائل پر بات چیت کی گئی۔ کشمیری عوام کی آزادی کی جدوجہد جاری رہے گی اور بھارتی مظالم کے خلاف آواز بلند کی جائے گی۔ آزاد کشمیر میں پاکستان تحریک انصاف کی جانب سے حکومت کے خلاف تنقید جاری ہے اور مسلم لیگ ن کی قیادت نے انتخابات کے حوالے سے اپنی حکمت عملی واضح کر دی ہے۔ وزیر اعظم آزاد کشمیر نے کہا کہ عوام کی خدمت ہماری اولین ترجیح ہے اور ترقیاتی منصوبوں کو مکمل کیا جائے گا۔ پیپلز پارٹی کے رہنماؤں نے اجلاس میں شرکت کی اور عوامی مسائل پر بات چیت کی گئی۔ کشمیری عوام کی آزادی کی جدوجہد جاری رہے گی اور بھارتی مظالم کے خلاف آواز بلند کی جائے گی۔ آزاد کشمیر میں پاکستان تحریک انصاف کی جانب سے حکومت کے خلاف تنقید جاری ہے اور مسلم لیگ ن کی قیادت نے انتخابات کے حوالے سے اپنی حکمت عملی واضح کر دی ہے۔ وزیر اعظم آزاد کشمیر نے کہا کہ عوام کی خدمت ہماری اولین ترجیح ہے اور ترقیاتی منصوبوں کو مکمل کیا جائے گا۔ پیپلز پارٹی کے رہنماؤں نے اجلاس میں شرکت کی اور عوامی مسائل پر بات چیت کی گئی۔ کشمیری عوام کی آزادی کی جدوجہد جاری رہے گی اور بھارتی مظالم کے خلاف آواز بلند کی جائے گی۔
University of Massachusetts Amherst USA
23
آزاد کشمیر میں پاکستان تحریک انصاف کی جانب سے حکومت کے خلاف تنقید جاری ہے اور مسلم لیگ ن کی قیادت نے انتخابات کے حوالے سے اپنی حکمت عملی واضح کر دی ہے۔ وزیر اعظم آزاد کشمیر نے کہا کہ عوام کی خدمت ہماری اولین ترجیح ہے اور ترقیاتی منصوبوں کو مکمل کیا جائے گا۔ پیپلز پارٹی کے رہنماؤں نے اجلاس میں شرکت کی اور عوامی مسائل پر بات چیت کی گئی۔ کشمیری عوام کی آزادی کی جدوجہد جاری رہے گی اور بھارتی مظالم کے خلاف آواز بلند کی جائے گی۔ آزاد کشمیر میں پاکستان تحریک انصاف کی جانب سے حکومت کے خلاف تنقید جاری ہے اور مسلم لیگ ن کی قیادت نے انتخابات کے حوالے سے اپنی حکمت عملی واضح کر دی ہے۔ وزیر اعظم آزاد کشمیر نے کہا کہ عوام کی خدمت ہماری اولین ترجیح ہے اور ترقیاتی منصوبوں کو مکمل کیا جائے گا۔ پیپلز پارٹی کے رہنماؤں نے اجلاس میں شرکت کی اور عوامی مسائل پر بات چیت کی گئی۔ کشمیری عوام کی آزادی کی جدوجہد جاری رہے گی اور بھارتی مظالم کے خلاف آواز بلند کی جائے گی۔ آزاد کشمیر میں پاکستان تحریک انصاف کی جانب سے حکومت کے خلاف تنقید جاری ہے اور مسلم لیگ ن کی قیادت نے انتخابات کے حوالے سے اپنی حکمت عملی واضح کر دی ہے۔ وزیر اعظم آزاد کشمیر نے کہا کہ عوام کی خدمت ہماری اولین ترجیح ہے اور ترقیاتی منصوبوں کو مکمل کیا جائے گا۔ پیپلز پارٹی کے رہنماؤں نے اجلاس میں شرکت کی اور عوامی مسائل پر بات چیت کی گئی۔ کشمیری عوام کی آزادی کی جدوجہد جاری رہے گی اور بھارتی مظالم کے خلاف آواز بلند کی جائے گی۔ آزاد کشمیر میں پاکستان تحریک انصاف کی جانب سے حکومت کے خلاف تنقید جاری ہے اور مسلم لیگ ن کی قیادت نے انتخابات کے حوالے سے اپنی حکمت عملی واضح کر دی ہے۔ وزیر اعظم آزاد کشمیر نے کہا کہ عوام کی خدمت ہماری اولین ترجیح ہے اور ترقیاتی منصوبوں کو مکمل کیا جائے گا۔ پیپلز پارٹی کے رہنماؤں نے اجلاس میں شرکت کی اور عوامی مسائل پر بات چیت کی گئی۔ کشمیری عوام کی آزادی کی جدوجہد جاری رہے گی اور بھارتی مظالم کے خلاف آواز بلند کی جائے گی۔
24
آزاد کشمیر میں پاکستان تحریک انصاف کی جانب سے حکومت کے خلاف تنقید جاری ہے اور مسلم لیگ ن کی قیادت نے انتخابات کے حوالے سے اپنی حکمت عملی واضح کر دی ہے۔ وزیر اعظم آزاد کشمیر نے کہا کہ عوام کی خدمت ہماری اولین ترجیح ہے اور ترقیاتی منصوبوں کو مکمل کیا جائے گا۔ پیپلز پارٹی کے رہنماؤں نے اجلاس میں شرکت کی اور عوامی مسائل پر بات چیت کی گئی۔ کشمیری عوام کی آزادی کی جدوجہد جاری رہے گی اور بھارتی مظالم کے خلاف آواز بلند کی جائے گی۔ آزاد کشمیر میں پاکستان تحریک انصاف کی جانب سے حکومت کے خلاف تنقید جاری ہے اور مسلم لیگ ن کی قیادت نے انتخابات کے حوالے سے اپنی حکمت عملی واضح کر دی ہے۔ وزیر اعظم آزاد کشمیر نے کہا کہ عوام کی خدمت ہماری اولین ترجیح ہے اور ترقیاتی منصوبوں کو مکمل کیا جائے گا۔ پیپلز پارٹی کے رہنماؤں نے اجلاس میں شرکت کی اور عوامی مسائل پر بات چیت کی گئی۔ کشمیری عوام کی آزادی کی جدوجہد جاری رہے گی اور بھارتی مظالم کے خلاف آواز بلند کی جائے گی۔ آزاد کشمیر میں پاکستان تحریک انصاف کی جانب سے حکومت کے خلاف تنقید جاری ہے اور مسلم لیگ ن کی قیادت نے انتخابات کے حوالے سے اپنی حکمت عملی واضح کر دی ہے۔ وزیر اعظم آزاد کشمیر نے کہا کہ عوام کی خدمت ہماری اولین ترجیح ہے اور ترقیاتی منصوبوں کو مکمل کیا جائے گا۔ پیپلز پارٹی کے رہنماؤں نے اجلاس میں شرکت کی اور عوامی مسائل پر بات چیت کی گئی۔ کشمیری عوام کی آزادی کی جدوجہد جاری رہے گی اور بھارتی مظالم کے خلاف آواز بلند کی جائے گی۔ آزاد کشمیر میں پاکستان تحریک انصاف کی جانب سے حکومت کے خلاف تنقید جاری ہے اور مسلم لیگ ن کی قیادت نے انتخابات کے حوالے سے اپنی حکمت عملی واضح کر دی ہے۔ وزیر اعظم آزاد کشمیر نے کہا کہ عوام کی خدمت ہماری اولین ترجیح ہے اور ترقیاتی منصوبوں کو مکمل کیا جائے گا۔ پیپلز پارٹی کے رہنماؤں نے اجلاس میں شرکت کی اور عوامی مسائل پر بات چیت کی گئی۔ کشمیری عوام کی آزادی کی جدوجہد جاری رہے گی اور بھارتی مظالم کے خلاف آواز بلند کی جائے گی۔
25
آزاد کشمیر میں پاکستان تحریک انصاف کی جانب سے حکومت کے خلاف تنقید جاری ہے اور مسلم لیگ ن کی قیادت نے انتخابات کے حوالے سے اپنی حکمت عملی واضح کر دی ہے۔ وزیر اعظم آزاد کشمیر نے کہا کہ عوام کی خدمت ہماری اولین ترجیح ہے اور ترقیاتی منصوبوں کو مکمل کیا جائے گا۔ پیپلز پارٹی کے رہنماؤں نے اجلاس میں شرکت کی اور عوامی مسائل پر بات چیت کی گئی۔ کشمیری عوام کی آزادی کی جدوجہد جاری رہے گی اور بھارتی مظالم کے خلاف آواز بلند کی جائے گی۔ آزاد کشمیر میں پاکستان تحریک انصاف کی جانب سے حکومت کے خلاف تنقید جاری ہے اور مسلم لیگ ن کی قیادت نے انتخابات کے حوالے سے اپنی حکمت عملی واضح کر دی ہے۔ وزیر اعظم آزاد کشمیر نے کہا کہ عوام کی خدمت ہماری اولین ترجیح ہے اور ترقیاتی منصوبوں کو مکمل کیا جائے گا۔ پیپلز پارٹی کے رہنماؤں نے اجلاس میں شرکت کی اور عوامی مسائل پر بات چیت کی گئی۔ کشمیری عوام کی آزادی کی جدوجہد جاری رہے گی اور بھارتی مظالم کے خلاف آواز بلند کی جائے گی۔ آزاد کشمیر میں پاکستان تحریک انصاف کی جانب سے حکومت کے خلاف تنقید جاری ہے اور مسلم لیگ ن کی قیادت نے انتخابات کے حوالے سے اپنی حکمت عملی واضح کر دی ہے۔ وزیر اعظم آزاد کشمیر نے کہا کہ عوام کی خدمت ہماری اولین ترجیح ہے اور ترقیاتی منصوبوں کو مکمل کیا جائے گا۔ پیپلز پارٹی کے رہنماؤں نے اجلاس میں شرکت کی اور عوامی مسائل پر بات چیت کی گئی۔ کشمیری عوام کی آزادی کی جدوجہد جاری رہے گی اور بھارتی مظالم کے خلاف آواز بلند کی جائے گی۔ آزاد کشمیر میں پاکستان تحریک انصاف کی جانب سے حکومت کے خلاف تنقید جاری ہے اور مسلم لیگ ن کی قیادت نے انتخابات کے حوالے سے اپنی حکمت عملی واضح کر دی ہے۔ وزیر اعظم آزاد کشمیر نے کہا کہ عوام کی خدمت ہماری اولین ترجیح ہے اور ترقیاتی منصوبوں کو مکمل کیا جائے گا۔ پیپلز پارٹی کے رہنماؤں نے اجلاس میں شرکت کی اور عوامی مسائل پر بات چیت کی گئی۔ کشمیری عوام کی آزادی کی جدوجہد جاری رہے گی اور بھارتی مظالم کے خلاف آواز بلند کی جائے گی۔
26
آزاد کشمیر میں پاکستان تحریک انصاف کی جانب سے حکومت کے خلاف تنقید جاری ہے اور مسلم لیگ ن کی قیادت نے انتخابات کے حوالے سے اپنی حکمت عملی واضح کر دی ہے۔ وزیر اعظم آزاد کشمیر نے کہا کہ عوام کی خدمت ہماری اولین ترجیح ہے اور ترقیاتی منصوبوں کو مکمل کیا جائے گا۔ پیپلز پارٹی کے رہنماؤں نے اجلاس میں شرکت کی اور عوامی مسائل پر بات چیت کی گئی۔ کشمیری عوام کی آزادی کی جدوجہد جاری رہے گی اور بھارتی مظالم کے خلاف آواز بلند کی جائے گی۔ آزاد کشمیر میں پاکستان تحریک انصاف کی جانب سے حکومت کے خلاف تنقید جاری ہے اور مسلم لیگ ن کی قیادت نے انتخابات کے حوالے سے اپنی حکمت عملی واضح کر دی ہے۔ وزیر اعظم آزاد کشمیر نے کہا کہ عوام کی خدمت ہماری اولین ترجیح ہے اور ترقیاتی منصوبوں کو مکمل کیا جائے گا۔ پیپلز پارٹی کے رہنماؤں نے اجلاس میں شرکت کی اور عوامی مسائل پر بات چیت کی گئی۔ کشمیری عوام کی آزادی کی جدوجہد جاری رہے گی اور بھارتی مظالم کے خلاف آواز بلند کی جائے گی۔ آزاد کشمیر میں پاکستان تحریک انصاف کی جانب سے حکومت کے خلاف تنقید جاری ہے اور مسلم لیگ ن کی قیادت نے انتخابات کے حوالے سے اپنی حکمت عملی واضح کر دی ہے۔ وزیر اعظم آزاد کشمیر نے کہا کہ عوام کی خدمت ہماری اولین ترجیح ہے اور ترقیاتی منصوبوں کو مکمل کیا جائے گا۔ پیپلز پارٹی کے رہنماؤں نے اجلاس میں شرکت کی اور عوامی مسائل پر بات چیت کی گئی۔ کشمیری عوام کی آزادی کی جدوجہد جاری رہے گی اور بھارتی مظالم کے خلاف آواز بلند کی جائے گی۔ آزاد کشمیر میں پاکستان تحریک انصاف کی جانب سے حکومت کے خلاف تنقید جاری ہے اور مسلم لیگ ن کی قیادت نے انتخابات کے حوالے سے اپنی حکمت عملی واضح کر دی ہے۔ وزیر اعظم آزاد کشمیر نے کہا کہ عوام کی خدمت ہماری اولین ترجیح ہے اور ترقیاتی منصوبوں کو مکمل کیا جائے گا۔ پیپلز پارٹی کے رہنماؤں نے اجلاس میں شرکت کی اور عوامی مسائل پر بات چیت کی گئی۔ کشمیری عوام کی آزادی کی جدوجہد جاری رہے گی اور بھارتی مظالم کے خلاف آواز بلند کی جائے گی۔ آزاد کشمیر میں پاکستان تحریک انصاف کی جانب سے حکومت کے خلاف تنقید جاری ہے اور مسلم لیگ ن کی قیادت نے انتخابات کے حوالے سے اپنی حکمت عملی واضح کر دی ہے۔ وزیر اعظم آزاد کشمیر نے کہا کہ عوام کی خدمت ہماری اولین ترجیح ہے اور ترقیاتی منصوبوں کو مکمل کیا جائے گا۔ پیپلز پارٹی کے رہنماؤں نے اجلاس میں شرکت کی اور عوامی مسائل پر بات چیت کی گئی۔ کشمیری عوام کی آزادی کی جدوجہد جاری رہے گی اور بھارتی مظالم کے خلاف آواز بلند کی جائے گی۔
27
آزاد کشمیر میں پاکستان تحریک انصاف کی جانب سے حکومت کے خلاف تنقید جاری ہے اور مسلم لیگ ن کی قیادت نے انتخابات کے حوالے سے اپنی حکمت عملی واضح کر دی ہے۔ وزیر اعظم آزاد کشمیر نے کہا کہ عوام کی خدمت ہماری اولین ترجیح ہے اور ترقیاتی منصوبوں کو مکمل کیا جائے گا۔ پیپلز پارٹی کے رہنماؤں نے اجلاس میں شرکت کی اور عوامی مسائل پر بات چیت کی گئی۔ کشمیری عوام کی آزادی کی جدوجہد جاری رہے گی اور بھارتی مظالم کے خلاف آواز بلند کی جائے گی۔ آزاد کشمیر میں پاکستان تحریک انصاف کی جانب سے حکومت کے خلاف تنقید جاری ہے اور مسلم لیگ ن کی قیادت نے انتخابات کے حوالے سے اپنی حکمت عملی واضح کر دی ہے۔ وزیر اعظم آزاد کشمیر نے کہا کہ عوام کی خدمت ہماری اولین ترجیح ہے اور ترقیاتی منصوبوں کو مکمل کیا جائے گا۔ پیپلز پارٹی کے رہنماؤں نے اجلاس میں شرکت کی اور عوامی مسائل پر بات چیت کی گئی۔ کشمیری عوام کی آزادی کی جدوجہد جاری رہے گی اور بھارتی مظالم کے خلاف آواز بلند کی جائے گی۔ آزاد کشمیر میں پاکستان تحریک انصاف کی جانب سے حکومت کے خلاف تنقید جاری ہے اور مسلم لیگ ن کی قیادت نے انتخابات کے حوالے سے اپنی حکمت عملی واضح کر دی ہے۔ وزیر اعظم آزاد کشمیر نے کہا کہ عوام کی خدمت ہماری اولین ترجیح ہے اور ترقیاتی منصوبوں کو مکمل کیا جائے گا۔ پیپلز پارٹی کے رہنماؤں نے اجلاس میں شرکت کی اور عوامی مسائل پر بات چیت کی گئی۔ کشمیری عوام کی آزادی کی جدوجہد جاری رہے گی اور بھارتی مظالم کے خلاف آواز بلند کی جائے گی۔ آزاد کشمیر میں پاکستان تحریک انصاف کی جانب سے حکومت کے خلاف تنقید جاری ہے اور مسلم لیگ ن کی قیادت نے انتخابات کے حوالے سے اپنی حکمت عملی واضح کر دی ہے۔ وزیر اعظم آزاد کشمیر نے کہا کہ عوام کی خدمت ہماری اولین ترجیح ہے اور ترقیاتی منصوبوں کو مکمل کیا جائے گا۔ پیپلز پارٹی کے رہنماؤں نے اجلاس میں شرکت کی اور عوامی مسائل پر بات چیت کی گئی۔ کشمیری عوام کی آزادی کی جدوجہد جاری رہے گی اور بھارتی مظالم کے خلاف آواز بلند کی جائے گی۔ آزاد کشمیر میں پاکستان تحریک انصاف کی جانب سے حکومت کے خلاف تنقید جاری ہے اور مسلم لیگ ن کی قیادت نے انتخابات کے حوالے سے اپنی حکمت عملی واضح کر دی ہے۔ وزیر اعظم آزاد کشمیر نے کہا کہ عوام کی خدمت ہماری اولین ترجیح ہے اور ترقیاتی منصوبوں کو مکمل کیا جائے گا۔ پیپلز پارٹی کے رہنماؤں نے اجلاس میں شرکت کی اور عوامی مسائل پر بات چیت کی گئی۔ کشمیری عوام کی آزادی کی جدوجہد جاری رہے گی اور بھارتی مظالم کے خلاف آواز بلند کی جائے گی۔
28
آزاد کشمیر میں پاکستان تحریک انصاف کی جانب سے حکومت کے خلاف تنقید جاری ہے اور مسلم لیگ ن کی قیادت نے انتخابات کے حوالے سے اپنی حکمت عملی واضح کر دی ہے۔ وزیر اعظم آزاد کشمیر نے کہا کہ عوام کی خدمت ہماری اولین ترجیح ہے اور ترقیاتی منصوبوں کو مکمل کیا جائے گا۔ پیپلز پارٹی کے رہنماؤں نے اجلاس میں شرکت کی اور عوامی مسائل پر بات چیت کی گئی۔ کشمیری عوام کی آزادی کی جدوجہد جاری رہے گی اور بھارتی مظالم کے خلاف آواز بلند کی جائے گی۔ آزاد کشمیر میں پاکستان تحریک انصاف کی جانب سے حکومت کے خلاف تنقید جاری ہے اور مسلم لیگ ن کی قیادت نے انتخابات کے حوالے سے اپنی حکمت عملی واضح کر دی ہے۔ وزیر اعظم آزاد کشمیر نے کہا کہ عوام کی خدمت ہماری اولین ترجیح ہے اور ترقیاتی منصوبوں کو مکمل کیا جائے گا۔ پیپلز پارٹی کے رہنماؤں نے اجلاس میں شرکت کی اور عوامی مسائل پر بات چیت کی گئی۔ کشمیری عوام کی آزادی کی جدوجہد جاری رہے گی اور بھارتی مظالم کے خلاف آواز بلند کی جائے گی۔ آزاد کشمیر میں پاکستان تحریک انصاف کی جانب سے حکومت کے خلاف تنقید جاری ہے اور مسلم لیگ ن کی قیادت نے انتخابات کے حوالے سے اپنی حکمت عملی واضح کر دی ہے۔ وزیر اعظم آزاد کشمیر نے کہا کہ عوام کی خدمت ہماری اولین ترجیح ہے اور ترقیاتی منصوبوں کو مکمل کیا جائے گا۔ پیپلز پارٹی کے رہنماؤں نے اجلاس میں شرکت کی اور عوامی مسائل پر بات چیت کی گئی۔ کشمیری عوام کی آزادی کی جدوجہد جاری رہے گی اور بھارتی مظالم کے خلاف آواز بلند کی جائے گی۔ آزاد کشمیر میں پاکستان تحریک انصاف کی جانب سے حکومت کے خلاف تنقید جاری ہے اور مسلم لیگ ن کی قیادت نے انتخابات کے حوالے سے اپنی حکمت عملی واضح کر دی ہے۔ وزیر اعظم آزاد کشمیر نے کہا کہ عوام کی خدمت ہماری اولین ترجیح ہے اور ترقیاتی منصوبوں کو مکمل کیا جائے گا۔ پیپلز پارٹی کے رہنماؤں نے اجلاس میں شرکت کی اور عوامی مسائل پر بات چیت کی گئی۔ کشمیری عوام کی آزادی کی جدوجہد جاری رہے گی اور بھارتی مظالم کے خلاف آواز بلند کی جائے گی۔ آزاد کشمیر میں پاکستان تحریک انصاف کی جانب سے حکومت کے خلاف تنقید جاری ہے اور مسلم لیگ ن کی قیادت نے انتخابات کے حوالے سے اپنی حکمت عملی واضح کر دی ہے۔ وزیر اعظم آزاد کشمیر نے کہا کہ عوام کی خدمت ہماری اولین ترجیح ہے اور ترقیاتی منصوبوں کو مکمل کیا جائے گا۔ پیپلز پارٹی کے رہنماؤں نے اجلاس میں شرکت کی اور عوامی مسائل پر بات چیت کی گئی۔ کشمیری عوام کی آزادی کی جدوجہد جاری رہے گی اور بھارتی مظالم کے خلاف آواز بلند کی جائے گی۔
29
آزاد کشمیر میں پاکستان تحریک انصاف کی جانب سے حکومت کے خلاف تنقید جاری ہے اور مسلم لیگ ن کی قیادت نے انتخابات کے حوالے سے اپنی حکمت عملی واضح کر دی ہے۔ وزیر اعظم آزاد کشمیر نے کہا کہ عوام کی خدمت ہماری اولین ترجیح ہے اور ترقیاتی منصوبوں کو مکمل کیا جائے گا۔ پیپلز پارٹی کے رہنماؤں نے اجلاس میں شرکت کی اور عوامی مسائل پر بات چیت کی گئی۔ کشمیری عوام کی آزادی کی جدوجہد جاری رہے گی اور بھارتی مظالم کے خلاف آواز بلند کی جائے گی۔ آزاد کشمیر میں پاکستان تحریک انصاف کی جانب سے حکومت کے خلاف تنقید جاری ہے اور مسلم لیگ ن کی قیادت نے انتخابات کے حوالے سے اپنی حکمت عملی واضح کر دی ہے۔ وزیر اعظم آزاد کشمیر نے کہا کہ عوام کی خدمت ہماری اولین ترجیح ہے اور ترقیاتی منصوبوں کو مکمل کیا جائے گا۔ پیپلز پارٹی کے رہنماؤں نے اجلاس میں شرکت کی اور عوامی مسائل پر بات چیت کی گئی۔ کشمیری عوام کی آزادی کی جدوجہد جاری رہے گی اور بھارتی مظالم کے خلاف آواز بلند کی جائے گی۔ آزاد کشمیر میں پاکستان تحریک انصاف کی جانب سے حکومت کے خلاف تنقید جاری ہے اور مسلم لیگ ن کی قیادت نے انتخابات کے حوالے سے اپنی حکمت عملی واضح کر دی ہے۔ وزیر اعظم آزاد کشمیر نے کہا کہ عوام کی خدمت ہماری اولین ترجیح ہے اور ترقیاتی منصوبوں کو مکمل کیا جائے گا۔ پیپلز پارٹی کے رہنماؤں نے اجلاس میں شرکت کی اور عوامی مسائل پر بات چیت کی گئی۔ کشمیری عوام کی آزادی کی جدوجہد جاری رہے گی اور بھارتی مظالم کے خلاف آواز بلند کی جائے گی۔ آزاد کشمیر میں پاکستان تحریک انصاف کی جانب سے حکومت کے خلاف تنقید جاری ہے اور مسلم لیگ ن کی قیادت نے انتخابات کے حوالے سے اپنی حکمت عملی واضح کر دی ہے۔ وزیر اعظم آزاد کشمیر نے کہا کہ عوام کی خدمت ہماری اولین ترجیح ہے اور ترقیاتی منصوبوں کو مکمل کیا جائے گا۔ پیپلز پارٹی کے رہنماؤں نے اجلاس میں شرکت کی اور عوامی مسائل پر بات چیت کی گئی۔ کشمیری عوام کی آزادی کی جدوجہد جاری رہے گی اور بھارتی مظالم کے خلاف آواز بلند کی جائے گی۔ آزاد کشمیر میں پاکستان تحریک انصاف کی جانب سے حکومت کے خلاف تنقید جاری ہے اور مسلم لیگ ن کی قیادت نے انتخابات کے حوالے سے اپنی حکمت عملی واضح کر دی ہے۔ وزیر اعظم آزاد کشمیر نے کہا کہ عوام کی خدمت ہماری اولین ترجیح ہے اور ترقیاتی منصوبوں کو مکمل کیا جائے گا۔ پیپلز پارٹی کے رہنماؤں نے اجلاس میں شرکت کی اور عوامی مسائل پر بات چیت کی گئی۔ کشمیری عوام کی آزادی کی جدوجہد جاری رہے گی اور بھارتی مظالم کے خلاف آواز بلند کی جائے گی۔
30
آزاد کشمیر میں پاکستان تحریک انصاف کی جانب سے حکومت کے خلاف تنقید جاری ہے اور مسلم لیگ ن کی قیادت نے انتخابات کے حوالے سے اپنی حکمت عملی واضح کر دی ہے۔ وزیر اعظم آزاد کشمیر نے کہا کہ عوام کی خدمت ہماری اولین ترجیح ہے اور ترقیاتی منصوبوں کو مکمل کیا جائے گا۔ پیپلز پارٹی کے رہنماؤں نے اجلاس میں شرکت کی اور عوامی مسائل پر بات چیت کی گئی۔ کشمیری عوام کی آزادی کی جدوجہد جاری رہے گی اور بھارتی مظالم کے خلاف آواز بلند کی جائے گی۔ آزاد کشمیر میں پاکستان تحریک انصاف کی جانب سے حکومت کے خلاف تنقید جاری ہے اور مسلم لیگ ن کی قیادت نے انتخابات کے حوالے سے اپنی حکمت عملی واضح کر دی ہے۔ وزیر اعظم آزاد کشمیر نے کہا کہ عوام کی خدمت ہماری اولین ترجیح ہے اور ترقیاتی منصوبوں کو مکمل کیا جائے گا۔ پیپلز پارٹی کے رہنماؤں نے اجلاس میں شرکت کی اور عوامی مسائل پر بات چیت کی گئی۔ کشمیری عوام کی آزادی کی جدوجہد جاری رہے گی اور بھارتی مظالم کے خلاف آواز بلند کی جائے گی۔ آزاد کشمیر میں پاکستان تحریک انصاف کی جانب سے حکومت کے خلاف تنقید جاری ہے اور مسلم لیگ ن کی قیادت نے انتخابات کے حوالے سے اپنی حکمت عملی واضح کر دی ہے۔ وزیر اعظم آزاد کشمیر نے کہا کہ عوام کی خدمت ہماری اولین ترجیح ہے اور ترقیاتی منصوبوں کو مکمل کیا جائے گا۔ پیپلز پارٹی کے رہنماؤں نے اجلاس میں شرکت کی اور عوامی مسائل پر بات چیت کی گئی۔ کشمیری عوام کی آزادی کی جدوجہد جاری رہے گی اور بھارتی مظالم کے خلاف آواز بلند کی جائے گی۔ آزاد کشمیر میں پاکستان تحریک انصاف کی جانب سے حکومت کے خلاف تنقید جاری ہے اور مسلم لیگ ن کی قیادت نے انتخابات کے حوالے سے اپنی حکمت عملی واضح کر دی ہے۔ وزیر اعظم آزاد کشمیر نے کہا کہ عوام کی خدمت ہماری اولین ترجیح ہے اور ترقیاتی منصوبوں کو مکمل کیا جائے گا۔ پیپلز پارٹی کے رہنماؤں نے اجلاس میں شرکت کی اور عوامی مسائل پر بات چیت کی گئی۔ کشمیری عوام کی آزادی کی جدوجہد جاری رہے گی اور بھارتی مظالم کے خلاف آواز بلند کی جائے گی۔ آزاد کشمیر میں پاکستان تحریک انصاف کی جانب سے حکومت کے خلاف تنقید جاری ہے اور مسلم لیگ ن کی قیادت نے انتخابات کے حوالے سے اپنی حکمت عملی واضح کر دی ہے۔ وزیر اعظم آزاد کشمیر نے کہا کہ عوام کی خدمت ہماری اولین ترجیح ہے اور ترقیاتی منصوبوں کو مکمل کیا جائے گا۔ پیپلز پارٹی کے رہنماؤں نے اجلاس میں شرکت کی اور عوامی مسائل پر بات چیت کی گئی۔ کشمیری عوام کی آزادی کی جدوجہد جاری رہے گی اور بھارتی مظالم کے خلاف آواز بلند کی جائے گی۔
31
آزاد کشمیر میں پاکستان تحریک انصاف کی جانب سے حکومت کے خلاف تنقید جاری ہے اور مسلم لیگ ن کی قیادت نے انتخابات کے حوالے سے اپنی حکمت عملی واضح کر دی ہے۔ وزیر اعظم آزاد کشمیر نے کہا کہ عوام کی خدمت ہماری اولین ترجیح ہے اور ترقیاتی منصوبوں کو مکمل کیا جائے گا۔ پیپلز پارٹی کے رہنماؤں نے اجلاس میں شرکت کی اور عوامی مسائل پر بات چیت کی گئی۔ کشمیری عوام کی آزادی کی جدوجہد جاری رہے گی اور بھارتی مظالم کے خلاف آواز بلند کی جائے گی۔ آزاد کشمیر میں پاکستان تحریک انصاف کی جانب سے حکومت کے خلاف تنقید جاری ہے اور مسلم لیگ ن کی قیادت نے انتخابات کے حوالے سے اپنی حکمت عملی واضح کر دی ہے۔ وزیر اعظم آزاد کشمیر نے کہا کہ عوام کی خدمت ہماری اولین ترجیح ہے اور ترقیاتی منصوبوں کو مکمل کیا جائے گا۔ پیپلز پارٹی کے رہنماؤں نے اجلاس میں شرکت کی اور عوامی مسائل پر بات چیت کی گئی۔ کشمیری عوام کی آزادی کی جدوجہد جاری رہے گی اور بھارتی مظالم کے خلاف آواز بلند کی جائے گی۔ آزاد کشمیر میں پاکستان تحریک انصاف کی جانب سے حکومت کے خلاف تنقید جاری ہے اور مسلم لیگ ن کی قیادت نے انتخابات کے حوالے سے اپنی حکمت عملی واضح کر دی ہے۔ وزیر اعظم آزاد کشمیر نے کہا کہ عوام کی خدمت ہماری اولین ترجیح ہے اور ترقیاتی منصوبوں کو مکمل کیا جائے گا۔ پیپلز پارٹی کے رہنماؤں نے اجلاس میں شرکت کی اور عوامی مسائل پر بات چیت کی گئی۔ کشمیری عوام کی آزادی کی جدوجہد جاری رہے گی اور بھارتی مظالم کے خلاف آواز بلند کی جائے گی۔ آزاد کشمیر میں پاکستان تحریک انصاف کی جانب سے حکومت کے خلاف تنقید جاری ہے اور مسلم لیگ ن کی قیادت نے انتخابات کے حوالے سے اپنی حکمت عملی واضح کر دی ہے۔ وزیر اعظم آزاد کشمیر نے کہا کہ عوام کی خدمت ہماری اولین ترجیح ہے اور ترقیاتی منصوبوں کو مکمل کیا جائے گا۔ پیپلز پارٹی کے رہنماؤں نے اجلاس میں شرکت کی اور عوامی مسائل پر بات چیت کی گئی۔ کشمیری عوام کی آزادی کی جدوجہد جاری رہے گی اور بھارتی مظالم کے خلاف آواز بلند کی جائے گی۔ آزاد کشمیر میں پاکستان تحریک انصاف کی جانب سے حکومت کے خلاف تنقید جاری ہے اور مسلم لیگ ن کی قیادت نے انتخابات کے حوالے سے اپنی حکمت عملی واضح کر دی ہے۔ وزیر اعظم آزاد کشمیر نے کہا کہ عوام کی خدمت ہماری اولین ترجیح ہے اور ترقیاتی منصوبوں کو مکمل کیا جائے گا۔ پیپلز پارٹی کے رہنماؤں نے اجلاس میں شرکت کی اور عوامی مسائل پر بات چیت کی گئی۔ کشمیری عوام کی آزادی کی جدوجہد جاری رہے گی اور بھارتی مظالم کے خلاف آواز بلند کی جائے گی۔
32
آزاد کشمیر میں پاکستان تحریک انصاف کی جانب سے حکومت کے خلاف تنقید جاری ہے اور مسلم لیگ ن کی قیادت نے انتخابات کے حوالے سے اپنی حکمت عملی واضح کر دی ہے۔ وزیر اعظم آزاد کشمیر نے کہا کہ عوام کی خدمت ہماری اولین ترجیح ہے اور ترقیاتی منصوبوں کو مکمل کیا جائے گا۔ پیپلز پارٹی کے رہنماؤں نے اجلاس میں شرکت کی اور عوامی مسائل پر بات چیت کی گئی۔ کشمیری عوام کی آزادی کی جدوجہد جاری رہے گی اور بھارتی مظالم کے خلاف آواز بلند کی جائے گی۔ آزاد کشمیر میں پاکستان تحریک انصاف کی جانب سے حکومت کے خلاف تنقید جاری ہے اور مسلم لیگ ن کی قیادت نے انتخابات کے حوالے سے اپنی حکمت عملی واضح کر دی ہے۔ وزیر اعظم آزاد کشمیر نے کہا کہ عوام کی خدمت ہماری اولین ترجیح ہے اور ترقیاتی منصوبوں کو مکمل کیا جائے گا۔ پیپلز پارٹی کے رہنماؤں نے اجلاس میں شرکت کی اور عوامی مسائل پر بات چیت کی گئی۔ کشمیری عوام کی آزادی کی جدوجہد جاری رہے گی اور بھارتی مظالم کے خلاف آواز بلند کی جائے گی۔ آزاد کشمیر میں پاکستان تحریک انصاف کی جانب سے حکومت کے خلاف تنقید جاری ہے اور مسلم لیگ ن کی قیادت نے انتخابات کے حوالے سے اپنی حکمت عملی واضح کر دی ہے۔ وزیر اعظم آزاد کشمیر نے کہا کہ عوام کی خدمت ہماری اولین ترجیح ہے اور ترقیاتی منصوبوں کو مکمل کیا جائے گا۔ پیپلز پارٹی کے رہنماؤں نے اجلاس میں شرکت کی اور عوامی مسائل پر بات چیت کی گئی۔ کشمیری عوام کی آزادی کی جدوجہد جاری رہے گی اور بھارتی مظالم کے خلاف آواز بلند کی جائے گی۔ آزاد کشمیر میں پاکستان تحریک انصاف کی جانب سے حکومت کے خلاف تنقید جاری ہے اور مسلم لیگ ن کی قیادت نے انتخابات کے حوالے سے اپنی حکمت عملی واضح کر دی ہے۔ وزیر اعظم آزاد کشمیر نے کہا کہ عوام کی خدمت ہماری اولین ترجیح ہے اور ترقیاتی منصوبوں کو مکمل کیا جائے گا۔ پیپلز پارٹی کے رہنماؤں نے اجلاس میں شرکت کی اور عوامی مسائل پر بات چیت کی گئی۔ کشمیری عوام کی آزادی کی جدوجہد جاری رہے گی اور بھارتی مظالم کے خلاف آواز بلند کی جائے گی۔ آزاد کشمیر میں پاکستان تحریک انصاف کی جانب سے حکومت کے خلاف تنقید جاری ہے اور مسلم لیگ ن کی قیادت نے انتخابات کے حوالے سے اپنی حکمت عملی واضح کر دی ہے۔ وزیر اعظم آزاد کشمیر نے کہا کہ عوام کی خدمت ہماری اولین ترجیح ہے اور ترقیاتی منصوبوں کو مکمل کیا جائے گا۔ پیپلز پارٹی کے رہنماؤں نے اجلاس میں شرکت کی اور عوامی مسائل پر بات چیت کی گئی۔ کشمیری عوام کی آزادی کی جدوجہد جاری رہے گی اور بھارتی مظالم کے خلاف آواز بلند کی جائے گی۔
33
آزاد کشمیر میں پاکستان تحریک انصاف کی جانب سے حکومت کے خلاف تنقید جاری ہے اور مسلم لیگ ن کی قیادت نے انتخابات کے حوالے سے اپنی حکمت عملی واضح کر دی ہے۔ وزیر اعظم آزاد کشمیر نے کہا کہ عوام کی خدمت ہماری اولین ترجیح ہے اور ترقیاتی منصوبوں کو مکمل کیا جائے گا۔ پیپلز پارٹی کے رہنماؤں نے اجلاس میں شرکت کی اور عوامی مسائل پر بات چیت کی گئی۔ کشمیری عوام کی آزادی کی جدوجہد جاری رہے گی اور بھارتی مظالم کے خلاف آواز بلند کی جائے گی۔ آزاد کشمیر میں پاکستان تحریک انصاف کی جانب سے حکومت کے خلاف تنقید جاری ہے اور مسلم لیگ ن کی قیادت نے انتخابات کے حوالے سے اپنی حکمت عملی واضح کر دی ہے۔ وزیر اعظم آزاد کشمیر نے کہا کہ عوام کی خدمت ہماری اولین ترجیح ہے اور ترقیاتی منصوبوں کو مکمل کیا جائے گا۔ پیپلز پارٹی کے رہنماؤں نے اجلاس میں شرکت کی اور عوامی مسائل پر بات چیت کی گئی۔ کشمیری عوام کی آزادی کی جدوجہد جاری رہے گی اور بھارتی مظالم کے خلاف آواز بلند کی جائے گی۔ آزاد کشمیر میں پاکستان تحریک انصاف کی جانب سے حکومت کے خلاف تنقید جاری ہے اور مسلم لیگ ن کی قیادت نے انتخابات کے حوالے سے اپنی حکمت عملی واضح کر دی ہے۔ وزیر اعظم آزاد کشمیر نے کہا کہ عوام کی خدمت ہماری اولین ترجیح ہے اور ترقیاتی منصوبوں کو مکمل کیا جائے گا۔ پیپلز پارٹی کے رہنماؤں نے اجلاس میں شرکت کی اور عوامی مسائل پر بات چیت کی گئی۔ کشمیری عوام کی آزادی کی جدوجہد جاری رہے گی اور بھارتی مظالم کے خلاف آواز بلند کی جائے گی۔ آزاد کشمیر میں پاکستان تحریک انصاف کی جانب سے حکومت کے خلاف تنقید جاری ہے اور مسلم لیگ ن کی قیادت نے انتخابات کے حوالے سے اپنی حکمت عملی واضح کر دی ہے۔ وزیر اعظم آزاد کشمیر نے کہا کہ عوام کی خدمت ہماری اولین ترجیح ہے اور ترقیاتی منصوبوں کو مکمل کیا جائے گا۔ پیپلز پارٹی کے رہنماؤں نے اجلاس میں شرکت کی اور عوامی مسائل پر بات چیت کی گئی۔ کشمیری عوام کی آزادی کی جدوجہد جاری رہے گی اور بھارتی مظالم کے خلاف آواز بلند کی جائے گی۔ آزاد کشمیر میں پاکستان تحریک انصاف کی جانب سے حکومت کے خلاف تنقید جاری ہے اور مسلم لیگ ن کی قیادت نے انتخابات کے حوالے سے اپنی حکمت عملی واضح کر دی ہے۔ وزیر اعظم آزاد کشمیر نے کہا کہ عوام کی خدمت ہماری اولین ترجیح ہے اور ترقیاتی منصوبوں کو مکمل کیا جائے گا۔ پیپلز پارٹی کے رہنماؤں نے اجلاس میں شرکت کی اور عوامی مسائل پر بات چیت کی گئی۔ کشمیری عوام کی آزادی کی جدوجہد جاری رہے گی اور بھارتی مظالم کے خلاف آواز بلند کی جائے گی۔
34
آزاد کشمیر میں پاکستان تحریک انصاف کی جانب سے حکومت کے خلاف تنقید جاری ہے اور مسلم لیگ ن کی قیادت نے انتخابات کے حوالے سے اپنی حکمت عملی واضح کر دی ہے۔ وزیر اعظم آزاد کشمیر نے کہا کہ عوام کی خدمت ہماری اولین ترجیح ہے اور ترقیاتی منصوبوں کو مکمل کیا جائے گا۔ پیپلز پارٹی کے رہنماؤں نے اجلاس میں شرکت کی اور عوامی مسائل پر بات چیت کی گئی۔ کشمیری عوام کی آزادی کی جدوجہد جاری رہے گی اور بھارتی مظالم کے خلاف آواز بلند کی جائے گی۔ آزاد کشمیر میں پاکستان تحریک انصاف کی جانب سے حکومت کے خلاف تنقید جاری ہے اور مسلم لیگ ن کی قیادت نے انتخابات کے حوالے سے اپنی حکمت عملی واضح کر دی ہے۔ وزیر اعظم آزاد کشمیر نے کہا کہ عوام کی خدمت ہماری اولین ترجیح ہے اور ترقیاتی منصوبوں کو مکمل کیا جائے گا۔ پیپلز پارٹی کے رہنماؤں نے اجلاس میں شرکت کی اور عوامی مسائل پر بات چیت کی گئی۔ کشمیری عوام کی آزادی کی جدوجہد جاری رہے گی اور بھارتی مظالم کے خلاف آواز بلند کی جائے گی۔ آزاد کشمیر میں پاکستان تحریک انصاف کی جانب سے حکومت کے خلاف تنقید جاری ہے اور مسلم لیگ ن کی قیادت نے انتخابات کے حوالے سے اپنی حکمت عملی واضح کر دی ہے۔ وزیر اعظم آزاد کشمیر نے کہا کہ عوام کی خدمت ہماری اولین ترجیح ہے اور ترقیاتی منصوبوں کو مکمل کیا جائے گا۔ پیپلز پارٹی کے رہنماؤں نے اجلاس میں شرکت کی اور عوامی مسائل پر بات چیت کی گئی۔ کشمیری عوام کی آزادی کی جدوجہد جاری رہے گی اور بھارتی مظالم کے خلاف آواز بلند کی جائے گی۔ آزاد کشمیر میں پاکستان تحریک انصاف کی جانب سے حکومت کے خلاف تنقید جاری ہے اور مسلم لیگ ن کی قیادت نے انتخابات کے حوالے سے اپنی حکمت عملی واضح کر دی ہے۔ وزیر اعظم آزاد کشمیر نے کہا کہ عوام کی خدمت ہماری اولین ترجیح ہے اور ترقیاتی منصوبوں کو مکمل کیا جائے گا۔ پیپلز پارٹی کے رہنماؤں نے اجلاس میں شرکت کی اور عوامی مسائل پر بات چیت کی گئی۔ کشمیری عوام کی آزادی کی جدوجہد جاری رہے گی اور بھارتی مظالم کے خلاف آواز بلند کی جائے گی۔ آزاد کشمیر میں پاکستان تحریک انصاف کی جانب سے حکومت کے خلاف تنقید جاری ہے اور مسلم لیگ ن کی قیادت نے انتخابات کے حوالے سے اپنی حکمت عملی واضح کر دی ہے۔ وزیر اعظم آزاد کشمیر نے کہا کہ عوام کی خدمت ہماری اولین ترجیح ہے اور ترقیاتی منصوبوں کو مکمل کیا جائے گا۔ پیپلز پارٹی کے رہنماؤں نے اجلاس میں شرکت کی اور عوامی مسائل پر بات چیت کی گئی۔ کشمیری عوام کی آزادی کی جدوجہد جاری رہے گی اور بھارتی مظالم کے خلاف آواز بلند کی جائے گی۔
35
آزاد کشمیر میں پاکستان تحریک انصاف کی جانب سے حکومت کے خلاف تنقید جاری ہے اور مسلم لیگ ن کی قیادت نے انتخابات کے حوالے سے اپنی حکمت عملی واضح کر دی ہے۔ وزیر اعظم آزاد کشمیر نے کہا کہ عوام کی خدمت ہماری اولین ترجیح ہے اور ترقیاتی منصوبوں کو مکمل کیا جائے گا۔ پیپلز پارٹی کے رہنماؤں نے اجلاس میں شرکت کی اور عوامی مسائل پر بات چیت کی گئی۔ کشمیری عوام کی آزادی کی جدوجہد جاری رہے گی اور بھارتی مظالم کے خلاف آواز بلند کی جائے گی۔ آزاد کشمیر میں پاکستان تحریک انصاف کی جانب سے حکومت کے خلاف تنقید جاری ہے اور مسلم لیگ ن کی قیادت نے انتخابات کے حوالے سے اپنی حکمت عملی واضح کر دی ہے۔ وزیر اعظم آزاد کشمیر نے کہا کہ عوام کی خدمت ہماری اولین ترجیح ہے اور ترقیاتی منصوبوں کو مکمل کیا جائے گا۔ پیپلز پارٹی کے رہنماؤں نے اجلاس میں شرکت کی اور عوامی مسائل پر بات چیت کی گئی۔ کشمیری عوام کی آزادی کی جدوجہد جاری رہے گی اور بھارتی مظالم کے خلاف آواز بلند کی جائے گی۔ آزاد کشمیر میں پاکستان تحریک انصاف کی جانب سے حکومت کے خلاف تنقید جاری ہے اور مسلم لیگ ن کی قیادت نے انتخابات کے حوالے سے اپنی حکمت عملی واضح کر دی ہے۔ وزیر اعظم آزاد کشمیر نے کہا کہ عوام کی خدمت ہماری اولین ترجیح ہے اور ترقیاتی منصوبوں کو مکمل کیا جائے گا۔ پیپلز پارٹی کے رہنماؤں نے اجلاس میں شرکت کی اور عوامی مسائل پر بات چیت کی گئی۔ کشمیری عوام کی آزادی کی جدوجہد جاری رہے گی اور بھارتی مظالم کے خلاف آواز بلند کی جائے گی۔ آزاد کشمیر میں پاکستان تحریک انصاف کی جانب سے حکومت کے خلاف تنقید جاری ہے اور مسلم لیگ ن کی قیادت نے انتخابات کے حوالے سے اپنی حکمت عملی واضح کر دی ہے۔ وزیر اعظم آزاد کشمیر نے کہا کہ عوام کی خدمت ہماری اولین ترجیح ہے اور ترقیاتی منصوبوں کو مکمل کیا جائے گا۔ پیپلز پارٹی کے رہنماؤں نے اجلاس میں شرکت کی اور عوامی مسائل پر بات چیت کی گئی۔ کشمیری عوام کی آزادی کی جدوجہد جاری رہے گی اور بھارتی مظالم کے خلاف آواز بلند کی جائے گی۔ آزاد کشمیر میں پاکستان تحریک انصاف کی جانب سے حکومت کے خلاف تنقید جاری ہے اور مسلم لیگ ن کی قیادت نے انتخابات کے حوالے سے اپنی حکمت عملی واضح کر دی ہے۔ وزیر اعظم آزاد کشمیر نے کہا کہ عوام کی خدمت ہماری اولین ترجیح ہے اور ترقیاتی منصوبوں کو مکمل کیا جائے گا۔ پیپلز پارٹی کے رہنماؤں نے اجلاس میں شرکت کی اور عوامی مسائل پر بات چیت کی گئی۔ کشمیری عوام کی آزادی کی جدوجہد جاری رہے گی اور بھارتی مظالم کے خلاف آواز بلند کی جائے گی۔
36
آزاد کشمیر میں پاکستان تحریک انصاف کی جانب سے حکومت کے خلاف تنقید جاری ہے اور مسلم لیگ ن کی قیادت نے انتخابات کے حوالے سے اپنی حکمت عملی واضح کر دی ہے۔ وزیر اعظم آزاد کشمیر نے کہا کہ عوام کی خدمت ہماری اولین ترجیح ہے اور ترقیاتی منصوبوں کو مکمل کیا جائے گا۔ پیپلز پارٹی کے رہنماؤں نے اجلاس میں شرکت کی اور عوامی مسائل پر بات چیت کی گئی۔ کشمیری عوام کی آزادی کی جدوجہد جاری رہے گی اور بھارتی مظالم کے خلاف آواز بلند کی جائے گی۔ آزاد کشمیر میں پاکستان تحریک انصاف کی جانب سے حکومت کے خلاف تنقید جاری ہے اور مسلم لیگ ن کی قیادت نے انتخابات کے حوالے سے اپنی حکمت عملی واضح کر دی ہے۔ وزیر اعظم آزاد کشمیر نے کہا کہ عوام کی خدمت ہماری اولین ترجیح ہے اور ترقیاتی منصوبوں کو مکمل کیا جائے گا۔ پیپلز پارٹی کے رہنماؤں نے اجلاس میں شرکت کی اور عوامی مسائل پر بات چیت کی گئی۔ کشمیری عوام کی آزادی کی جدوجہد جاری رہے گی اور بھارتی مظالم کے خلاف آواز بلند کی جائے گی۔ آزاد کشمیر میں پاکستان تحریک انصاف کی جانب سے حکومت کے خلاف تنقید جاری ہے اور مسلم لیگ ن کی قیادت نے انتخابات کے حوالے سے اپنی حکمت عملی واضح کر دی ہے۔ وزیر اعظم آزاد کشمیر نے کہا کہ عوام کی خدمت ہماری اولین ترجیح ہے اور ترقیاتی منصوبوں کو مکمل کیا جائے گا۔ پیپلز پارٹی کے رہنماؤں نے اجلاس میں شرکت کی اور عوامی مسائل پر بات چیت کی گئی۔ کشمیری عوام کی آزادی کی جدوجہد جاری رہے گی اور بھارتی مظالم کے خلاف آواز بلند کی جائے گی۔ آزاد کشمیر میں پاکستان تحریک انصاف کی جانب سے حکومت کے خلاف تنقید جاری ہے اور مسلم لیگ ن کی قیادت نے انتخابات کے حوالے سے اپنی حکمت عملی واضح کر دی ہے۔ وزیر اعظم آزاد کشمیر نے کہا کہ عوام کی خدمت ہماری اولین ترجیح ہے اور ترقیاتی منصوبوں کو مکمل کیا جائے گا۔ پیپلز پارٹی کے رہنماؤں نے اجلاس میں شرکت کی اور عوامی مسائل پر بات چیت کی گئی۔ کشمیری عوام کی آزادی کی جدوجہد جاری رہے گی اور بھارتی مظالم کے خلاف آواز بلند کی جائے گی۔
MSFN
37
آزاد کشمیر میں پاکستان تحریک انصاف کی جانب سے حکومت کے خلاف تنقید جاری ہے اور مسلم لیگ ن کی قیادت نے انتخابات کے حوالے سے اپنی حکمت عملی واضح کر دی ہے۔ وزیر اعظم آزاد کشمیر نے کہا کہ عوام کی خدمت ہماری اولین ترجیح ہے اور ترقیاتی منصوبوں کو مکمل کیا جائے گا۔ پیپلز پارٹی کے رہنماؤں نے اجلاس میں شرکت کی اور عوامی مسائل پر بات چیت کی گئی۔ کشمیری عوام کی آزادی کی جدوجہد جاری رہے گی اور بھارتی مظالم کے خلاف آواز بلند کی جائے گی۔ آزاد کشمیر میں پاکستان تحریک انصاف کی جانب سے حکومت کے خلاف تنقید جاری ہے اور مسلم لیگ ن کی قیادت نے انتخابات کے حوالے سے اپنی حکمت عملی واضح کر دی ہے۔ وزیر اعظم آزاد کشمیر نے کہا کہ عوام کی خدمت ہماری اولین ترجیح ہے اور ترقیاتی منصوبوں کو مکمل کیا جائے گا۔ پیپلز پارٹی کے رہنماؤں نے اجلاس میں شرکت کی اور عوامی مسائل پر بات چیت کی گئی۔ کشمیری عوام کی آزادی کی جدوجہد جاری رہے گی اور بھارتی مظالم کے خلاف آواز بلند کی جائے گی۔ آزاد کشمیر میں پاکستان تحریک انصاف کی جانب سے حکومت کے خلاف تنقید جاری ہے اور مسلم لیگ ن کی قیادت نے انتخابات کے حوالے سے اپنی حکمت عملی واضح کر دی ہے۔ وزیر اعظم آزاد کشمیر نے کہا کہ عوام کی خدمت ہماری اولین ترجیح ہے اور ترقیاتی منصوبوں کو مکمل کیا جائے گا۔ پیپلز پارٹی کے رہنماؤں نے اجلاس میں شرکت کی اور عوامی مسائل پر بات چیت کی گئی۔ کشمیری عوام کی آزادی کی جدوجہد جاری رہے گی اور بھارتی مظالم کے خلاف آواز بلند کی جائے گی۔ آزاد کشمیر میں پاکستان تحریک انصاف کی جانب سے حکومت کے خلاف تنقید جاری ہے اور مسلم لیگ ن کی قیادت نے انتخابات کے حوالے سے اپنی حکمت عملی واضح کر دی ہے۔ وزیر اعظم آزاد کشمیر نے کہا کہ عوام کی خدمت ہماری اولین ترجیح ہے اور ترقیاتی منصوبوں کو مکمل کیا جائے گا۔ پیپلز پارٹی کے رہنماؤں نے اجلاس میں شرکت کی اور عوامی مسائل پر بات چیت کی گئی۔ کشمیری عوام کی آزادی کی جدوجہد جاری رہے گی اور بھارتی مظالم کے خلاف آواز بلند کی جائے گی۔
39
آزاد کشمیر میں پاکستان تحریک انصاف کی جانب سے حکومت کے خلاف تنقید جاری ہے اور مسلم لیگ ن کی قیادت نے انتخابات کے حوالے سے اپنی حکمت عملی واضح کر دی ہے۔ وزیر اعظم آزاد کشمیر نے کہا کہ عوام کی خدمت ہماری اولین ترجیح ہے اور ترقیاتی منصوبوں کو مکمل کیا جائے گا۔ پیپلز پارٹی کے رہنماؤں نے اجلاس میں شرکت کی اور عوامی مسائل پر بات چیت کی گئی۔ کشمیری عوام کی آزادی کی جدوجہد جاری رہے گی اور بھارتی مظالم کے خلاف آواز بلند کی جائے گی۔ آزاد کشمیر میں پاکستان تحریک انصاف کی جانب سے حکومت کے خلاف تنقید جاری ہے اور مسلم لیگ ن کی قیادت نے انتخابات کے حوالے سے اپنی حکمت عملی واضح کر دی ہے۔ وزیر اعظم آزاد کشمیر نے کہا کہ عوام کی خدمت ہماری اولین ترجیح ہے اور ترقیاتی منصوبوں کو مکمل کیا جائے گا۔ پیپلز پارٹی کے رہنماؤں نے اجلاس میں شرکت کی اور عوامی مسائل پر بات چیت کی گئی۔ کشمیری عوام کی آزادی کی جدوجہد جاری رہے گی اور بھارتی مظالم کے خلاف آواز بلند کی جائے گی۔ آزاد کشمیر میں پاکستان تحریک انصاف کی جانب سے حکومت کے خلاف تنقید جاری ہے اور مسلم لیگ ن کی قیادت نے انتخابات کے حوالے سے اپنی حکمت عملی واضح کر دی ہے۔ وزیر اعظم آزاد کشمیر نے کہا کہ عوام کی خدمت ہماری اولین ترجیح ہے اور ترقیاتی منصوبوں کو مکمل کیا جائے گا۔ پیپلز پارٹی کے رہنماؤں نے اجلاس میں شرکت کی اور عوامی مسائل پر بات چیت کی گئی۔ کشمیری عوام کی آزادی کی جدوجہد جاری رہے گی اور بھارتی مظالم کے خلاف آواز بلند کی جائے گی۔ آزاد کشمیر میں پاکستان تحریک انصاف کی جانب سے حکومت کے خلاف تنقید جاری ہے اور مسلم لیگ ن کی قیادت نے انتخابات کے حوالے سے اپنی حکمت عملی واضح کر دی ہے۔ وزیر اعظم آزاد کشمیر نے کہا کہ عوام کی خدمت ہماری اولین ترجیح ہے اور ترقیاتی منصوبوں کو مکمل کیا جائے گا۔ پیپلز پارٹی کے رہنماؤں نے اجلاس میں شرکت کی اور عوامی مسائل پر بات چیت کی گئی۔ کشمیری عوام کی آزادی کی جدوجہد جاری رہے گی اور بھارتی مظالم کے خلاف آواز بلند کی جائے گی۔
40
آزاد کشمیر میں پاکستان تحریک انصاف کی جانب سے حکومت کے خلاف تنقید جاری ہے اور مسلم لیگ ن کی قیادت نے انتخابات کے حوالے سے اپنی حکمت عملی واضح کر دی ہے۔ وزیر اعظم آزاد کشمیر نے کہا کہ عوام کی خدمت ہماری اولین ترجیح ہے اور ترقیاتی منصوبوں کو مکمل کیا جائے گا۔ پیپلز پارٹی کے رہنماؤں نے اجلاس میں شرکت کی اور عوامی مسائل پر بات چیت کی گئی۔ کشمیری عوام کی آزادی کی جدوجہد جاری رہے گی اور بھارتی مظالم کے خلاف آواز بلند کی جائے گی۔ آزاد کشمیر میں پاکستان تحریک انصاف کی جانب سے حکومت کے خلاف تنقید جاری ہے اور مسلم لیگ ن کی قیادت نے انتخابات کے حوالے سے اپنی حکمت عملی واضح کر دی ہے۔ وزیر اعظم آزاد کشمیر نے کہا کہ عوام کی خدمت ہماری اولین ترجیح ہے اور ترقیاتی منصوبوں کو مکمل کیا جائے گا۔ پیپلز پارٹی کے رہنماؤں نے اجلاس میں شرکت کی اور عوامی مسائل پر بات چیت کی گئی۔ کشمیری عوام کی آزادی کی جدوجہد جاری رہے گی اور بھارتی مظالم کے خلاف آواز بلند کی جائے گی۔ آزاد کشمیر میں پاکستان تحریک انصاف کی جانب سے حکومت کے خلاف تنقید جاری ہے اور مسلم لیگ ن کی قیادت نے انتخابات کے حوالے سے اپنی حکمت عملی واضح کر دی ہے۔ وزیر اعظم آزاد کشمیر نے کہا کہ عوام کی خدمت ہماری اولین ترجیح ہے اور ترقیاتی منصوبوں کو مکمل کیا جائے گا۔ پیپلز پارٹی کے رہنماؤں نے اجلاس میں شرکت کی اور عوامی مسائل پر بات چیت کی گئی۔ کشمیری عوام کی آزادی کی جدوجہد جاری رہے گی اور بھارتی مظالم کے خلاف آواز بلند کی جائے گی۔ آزاد کشمیر میں پاکستان تحریک انصاف کی جانب سے حکومت کے خلاف تنقید جاری ہے اور مسلم لیگ ن کی قیادت نے انتخابات کے حوالے سے اپنی حکمت عملی واضح کر دی ہے۔ وزیر اعظم آزاد کشمیر نے کہا کہ عوام کی خدمت ہماری اولین ترجیح ہے اور ترقیاتی منصوبوں کو مکمل کیا جائے گا۔ پیپلز پارٹی کے رہنماؤں نے اجلاس میں شرکت کی اور عوامی مسائل پر بات چیت کی گئی۔ کشمیری عوام کی آزادی کی جدوجہد جاری رہے گی اور بھارتی مظالم کے خلاف آواز بلند کی جائے گی۔
41
آزاد کشمیر میں پاکستان تحریک انصاف کی جانب سے حکومت کے خلاف تنقید جاری ہے اور مسلم لیگ ن کی قیادت نے انتخابات کے حوالے سے اپنی حکمت عملی واضح کر دی ہے۔ وزیر اعظم آزاد کشمیر نے کہا کہ عوام کی خدمت ہماری اولین ترجیح ہے اور ترقیاتی منصوبوں کو مکمل کیا جائے گا۔ پیپلز پارٹی کے رہنماؤں نے اجلاس میں شرکت کی اور عوامی مسائل پر بات چیت کی گئی۔ کشمیری عوام کی آزادی کی جدوجہد جاری رہے گی اور بھارتی مظالم کے خلاف آواز بلند کی جائے گی۔ آزاد کشمیر میں پاکستان تحریک انصاف کی جانب سے حکومت کے خلاف تنقید جاری ہے اور مسلم لیگ ن کی قیادت نے انتخابات کے حوالے سے اپنی حکمت عملی واضح کر دی ہے۔ وزیر اعظم آزاد کشمیر نے کہا کہ عوام کی خدمت ہماری اولین ترجیح ہے اور ترقیاتی منصوبوں کو مکمل کیا جائے گا۔ پیپلز پارٹی کے رہنماؤں نے اجلاس میں شرکت کی اور عوامی مسائل پر بات چیت کی گئی۔ کشمیری عوام کی آزادی کی جدوجہد جاری رہے گی اور بھارتی مظالم کے خلاف آواز بلند کی جائے گی۔ آزاد کشمیر میں پاکستان تحریک انصاف کی جانب سے حکومت کے خلاف تنقید جاری ہے اور مسلم لیگ ن کی قیادت نے انتخابات کے حوالے سے اپنی حکمت عملی واضح کر دی ہے۔ وزیر اعظم آزاد کشمیر نے کہا کہ عوام کی خدمت ہماری اولین ترجیح ہے اور ترقیاتی منصوبوں کو مکمل کیا جائے گا۔ پیپلز پارٹی کے رہنماؤں نے اجلاس میں شرکت کی اور عوامی مسائل پر بات چیت کی گئی۔ کشمیری عوام کی آزادی کی جدوجہد جاری رہے گی اور بھارتی مظالم کے خلاف آواز بلند کی جائے گی۔ آزاد کشمیر میں پاکستان تحریک انصاف کی جانب سے حکومت کے خلاف تنقید جاری ہے اور مسلم لیگ ن کی قیادت نے انتخابات کے حوالے سے اپنی حکمت عملی واضح کر دی ہے۔ وزیر اعظم آزاد کشمیر نے کہا کہ عوام کی خدمت ہماری اولین ترجیح ہے اور ترقیاتی منصوبوں کو مکمل کیا جائے گا۔ پیپلز پارٹی کے رہنماؤں نے اجلاس میں شرکت کی اور عوامی مسائل پر بات چیت کی گئی۔ کشمیری عوام کی آزادی کی جدوجہد جاری رہے گی اور بھارتی مظالم کے خلاف آواز بلند کی جائے گی۔
42
آزاد کشمیر میں پاکستان تحریک انصاف کی جانب سے حکومت کے خلاف تنقید جاری ہے اور مسلم لیگ ن کی قیادت نے انتخابات کے حوالے سے اپنی حکمت عملی واضح کر دی ہے۔ وزیر اعظم آزاد کشمیر نے کہا کہ عوام کی خدمت ہماری اولین ترجیح ہے اور ترقیاتی منصوبوں کو مکمل کیا جائے گا۔ پیپلز پارٹی کے رہنماؤں نے اجلاس میں شرکت کی اور عوامی مسائل پر بات چیت کی گئی۔ کشمیری عوام کی آزادی کی جدوجہد جاری رہے گی اور بھارتی مظالم کے خلاف آواز بلند کی جائے گی۔ آزاد کشمیر میں پاکستان تحریک انصاف کی جانب سے حکومت کے خلاف تنقید جاری ہے اور مسلم لیگ ن کی قیادت نے انتخابات کے حوالے سے اپنی حکمت عملی واضح کر دی ہے۔ وزیر اعظم آزاد کشمیر نے کہا کہ عوام کی خدمت ہماری اولین ترجیح ہے اور ترقیاتی منصوبوں کو مکمل کیا جائے گا۔ پیپلز پارٹی کے رہنماؤں نے اجلاس میں شرکت کی اور عوامی مسائل پر بات چیت کی گئی۔ کشمیری عوام کی آزادی کی جدوجہد جاری رہے گی اور بھارتی مظالم کے خلاف آواز بلند کی جائے گی۔ آزاد کشمیر میں پاکستان تحریک انصاف کی جانب سے حکومت کے خلاف تنقید جاری ہے اور مسلم لیگ ن کی قیادت نے انتخابات کے حوالے سے اپنی حکمت عملی واضح کر دی ہے۔ وزیر اعظم آزاد کشمیر نے کہا کہ عوام کی خدمت ہماری اولین ترجیح ہے اور ترقیاتی منصوبوں کو مکمل کیا جائے گا۔ پیپلز پارٹی کے رہنماؤں نے اجلاس میں شرکت کی اور عوامی مسائل پر بات چیت کی گئی۔ کشمیری عوام کی آزادی کی جدوجہد جاری رہے گی اور بھارتی مظالم کے خلاف آواز بلند کی جائے گی۔ آزاد کشمیر میں پاکستان تحریک انصاف کی جانب سے حکومت کے خلاف تنقید جاری ہے اور مسلم لیگ ن کی قیادت نے انتخابات کے حوالے سے اپنی حکمت عملی واضح کر دی ہے۔ وزیر اعظم آزاد کشمیر نے کہا کہ عوام کی خدمت ہماری اولین ترجیح ہے اور ترقیاتی منصوبوں کو مکمل کیا جائے گا۔ پیپلز پارٹی کے رہنماؤں نے اجلاس میں شرکت کی اور عوامی مسائل پر بات چیت کی گئی۔ کشمیری عوام کی آزادی کی جدوجہد جاری رہے گی اور بھارتی مظالم کے خلاف آواز بلند کی جائے گی۔
43
آزاد کشمیر میں پاکستان تحریک انصاف کی جانب سے حکومت کے خلاف تنقید جاری ہے اور مسلم لیگ ن کی قیادت نے انتخابات کے حوالے سے اپنی حکمت عملی واضح کر دی ہے۔ وزیر اعظم آزاد کشمیر نے کہا کہ عوام کی خدمت ہماری اولین ترجیح ہے اور ترقیاتی منصوبوں کو مکمل کیا جائے گا۔ پیپلز پارٹی کے رہنماؤں نے اجلاس میں شرکت کی اور عوامی مسائل پر بات چیت کی گئی۔ کشمیری عوام کی آزادی کی جدوجہد جاری رہے گی اور بھارتی مظالم کے خلاف آواز بلند کی جائے گی۔ آزاد کشمیر میں پاکستان تحریک انصاف کی جانب سے حکومت کے خلاف تنقید جاری ہے اور مسلم لیگ ن کی قیادت نے انتخابات کے حوالے سے اپنی حکمت عملی واضح کر دی ہے۔ وزیر اعظم آزاد کشمیر نے کہا کہ عوام کی خدمت ہماری اولین ترجیح ہے اور ترقیاتی منصوبوں کو مکمل کیا جائے گا۔ پیپلز پارٹی کے رہنماؤں نے اجلاس میں شرکت کی اور عوامی مسائل پر بات چیت کی گئی۔ کشمیری عوام کی آزادی کی جدوجہد جاری رہے گی اور بھارتی مظالم کے خلاف آواز بلند کی جائے گی۔ آزاد کشمیر میں پاکستان تحریک انصاف کی جانب سے حکومت کے خلاف تنقید جاری ہے اور مسلم لیگ ن کی قیادت نے انتخابات کے حوالے سے اپنی حکمت عملی واضح کر دی ہے۔ وزیر اعظم آزاد کشمیر نے کہا کہ عوام کی خدمت ہماری اولین ترجیح ہے اور ترقیاتی منصوبوں کو مکمل کیا جائے گا۔ پیپلز پارٹی کے رہنماؤں نے اجلاس میں شرکت کی اور عوامی مسائل پر بات چیت کی گئی۔ کشمیری عوام کی آزادی کی جدوجہد جاری رہے گی اور بھارتی مظالم کے خلاف آواز بلند کی جائے گی۔ آزاد کشمیر میں پاکستان تحریک انصاف کی جانب سے حکومت کے خلاف تنقید جاری ہے اور مسلم لیگ ن کی قیادت نے انتخابات کے حوالے سے اپنی حکمت عملی واضح کر دی ہے۔ وزیر اعظم آزاد کشمیر نے کہا کہ عوام کی خدمت ہماری اولین ترجیح ہے اور ترقیاتی منصوبوں کو مکمل کیا جائے گا۔ پیپلز پارٹی کے رہنماؤں نے اجلاس میں شرکت کی اور عوامی مسائل پر بات چیت کی گئی۔ کشمیری عوام کی آزادی کی جدوجہد جاری رہے گی اور بھارتی مظالم کے خلاف آواز بلند کی جائے گی۔
44
آزاد کشمیر میں پاکستان تحریک انصاف کی جانب سے حکومت کے خلاف تنقید جاری ہے اور مسلم لیگ ن کی قیادت نے انتخابات کے حوالے سے اپنی حکمت عملی واضح کر دی ہے۔ وزیر اعظم آزاد کشمیر نے کہا کہ عوام کی خدمت ہماری اولین ترجیح ہے اور ترقیاتی منصوبوں کو مکمل کیا جائے گا۔ پیپلز پارٹی کے رہنماؤں نے اجلاس میں شرکت کی اور عوامی مسائل پر بات چیت کی گئی۔ کشمیری عوام کی آزادی کی جدوجہد جاری رہے گی اور بھارتی مظالم کے خلاف آواز بلند کی جائے گی۔ آزاد کشمیر میں پاکستان تحریک انصاف کی جانب سے حکومت کے خلاف تنقید جاری ہے اور مسلم لیگ ن کی قیادت نے انتخابات کے حوالے سے اپنی حکمت عملی واضح کر دی ہے۔ وزیر اعظم آزاد کشمیر نے کہا کہ عوام کی خدمت ہماری اولین ترجیح ہے اور ترقیاتی منصوبوں کو مکمل کیا جائے گا۔ پیپلز پارٹی کے رہنماؤں نے اجلاس میں شرکت کی اور عوامی مسائل پر بات چیت کی گئی۔ کشمیری عوام کی آزادی کی جدوجہد جاری رہے گی اور بھارتی مظالم کے خلاف آواز بلند کی جائے گی۔ آزاد کشمیر میں پاکستان تحریک انصاف کی جانب سے حکومت کے خلاف تنقید جاری ہے اور مسلم لیگ ن کی قیادت نے انتخابات کے حوالے سے اپنی حکمت عملی واضح کر دی ہے۔ وزیر اعظم آزاد کشمیر نے کہا کہ عوام کی خدمت ہماری اولین ترجیح ہے اور ترقیاتی منصوبوں کو مکمل کیا جائے گا۔ پیپلز پارٹی کے رہنماؤں نے اجلاس میں شرکت کی اور عوامی مسائل پر بات چیت کی گئی۔ کشمیری عوام کی آزادی کی جدوجہد جاری رہے گی اور بھارتی مظالم کے خلاف آواز بلند کی جائے گی۔ آزاد کشمیر میں پاکستان تحریک انصاف کی جانب سے حکومت کے خلاف تنقید جاری ہے اور مسلم لیگ ن کی قیادت نے انتخابات کے حوالے سے اپنی حکمت عملی واضح کر دی ہے۔ وزیر اعظم آزاد کشمیر نے کہا کہ عوام کی خدمت ہماری اولین ترجیح ہے اور ترقیاتی منصوبوں کو مکمل کیا جائے گا۔ پیپلز پارٹی کے رہنماؤں نے اجلاس میں شرکت کی اور عوامی مسائل پر بات چیت کی گئی۔ کشمیری عوام کی آزادی کی جدوجہد جاری رہے گی اور بھارتی مظالم کے خلاف آواز بلند کی جائے گی۔
45
آزاد کشمیر میں پاکستان تحریک انصاف کی جانب سے حکومت کے خلاف تنقید جاری ہے اور مسلم لیگ ن کی قیادت نے انتخابات کے حوالے سے اپنی حکمت عملی واضح کر دی ہے۔ وزیر اعظم آزاد کشمیر نے کہا کہ عوام کی خدمت ہماری اولین ترجیح ہے اور ترقیاتی منصوبوں کو مکمل کیا جائے گا۔ پیپلز پارٹی کے رہنماؤں نے اجلاس میں شرکت کی اور عوامی مسائل پر بات چیت کی گئی۔ کشمیری عوام کی آزادی کی جدوجہد جاری رہے گی اور بھارتی مظالم کے خلاف آواز بلند کی جائے گی۔ آزاد کشمیر میں پاکستان تحریک انصاف کی جانب سے حکومت کے خلاف تنقید جاری ہے اور مسلم لیگ ن کی قیادت نے انتخابات کے حوالے سے اپنی حکمت عملی واضح کر دی ہے۔ وزیر اعظم آزاد کشمیر نے کہا کہ عوام کی خدمت ہماری اولین ترجیح ہے اور ترقیاتی منصوبوں کو مکمل کیا جائے گا۔ پیپلز پارٹی کے رہنماؤں نے اجلاس میں شرکت کی اور عوامی مسائل پر بات چیت کی گئی۔ کشمیری عوام کی آزادی کی جدوجہد جاری رہے گی اور بھارتی مظالم کے خلاف آواز بلند کی جائے گی۔ آزاد کشمیر میں پاکستان تحریک انصاف کی جانب سے حکومت کے خلاف تنقید جاری ہے اور مسلم لیگ ن کی قیادت نے انتخابات کے حوالے سے اپنی حکمت عملی واضح کر دی ہے۔ وزیر اعظم آزاد کشمیر نے کہا کہ عوام کی خدمت ہماری اولین ترجیح ہے اور ترقیاتی منصوبوں کو مکمل کیا جائے گا۔ پیپلز پارٹی کے رہنماؤں نے اجلاس میں شرکت کی اور عوامی مسائل پر بات چیت کی گئی۔ کشمیری عوام کی آزادی کی جدوجہد جاری رہے گی اور بھارتی مظالم کے خلاف آواز بلند کی جائے گی۔ آزاد کشمیر میں پاکستان تحریک انصاف کی جانب سے حکومت کے خلاف تنقید جاری ہے اور مسلم لیگ ن کی قیادت نے انتخابات کے حوالے سے اپنی حکمت عملی واضح کر دی ہے۔ وزیر اعظم آزاد کشمیر نے کہا کہ عوام کی خدمت ہماری اولین ترجیح ہے اور ترقیاتی منصوبوں کو مکمل کیا جائے گا۔ پیپلز پارٹی کے رہنماؤں نے اجلاس میں شرکت کی اور عوامی مسائل پر بات چیت کی گئی۔ کشمیری عوام کی آزادی کی جدوجہد جاری رہے گی اور بھارتی مظالم کے خلاف آواز بلند کی جائے گی۔
46
آزاد کشمیر میں پاکستان تحریک انصاف کی جانب سے حکومت کے خلاف تنقید جاری ہے اور مسلم لیگ ن کی قیادت نے انتخابات کے حوالے سے اپنی حکمت عملی واضح کر دی ہے۔ وزیر اعظم آزاد کشمیر نے کہا کہ عوام کی خدمت ہماری اولین ترجیح ہے اور ترقیاتی منصوبوں کو مکمل کیا جائے گا۔ پیپلز پارٹی کے رہنماؤں نے اجلاس میں شرکت کی اور عوامی مسائل پر بات چیت کی گئی۔ کشمیری عوام کی آزادی کی جدوجہد جاری رہے گی اور بھارتی مظالم کے خلاف آواز بلند کی جائے گی۔ آزاد کشمیر میں پاکستان تحریک انصاف کی جانب سے حکومت کے خلاف تنقید جاری ہے اور مسلم لیگ ن کی قیادت نے انتخابات کے حوالے سے اپنی حکمت عملی واضح کر دی ہے۔ وزیر اعظم آزاد کشمیر نے کہا کہ عوام کی خدمت ہماری اولین ترجیح ہے اور ترقیاتی منصوبوں کو مکمل کیا جائے گا۔ پیپلز پارٹی کے رہنماؤں نے اجلاس میں شرکت کی اور عوامی مسائل پر بات چیت کی گئی۔ کشمیری عوام کی آزادی کی جدوجہد جاری رہے گی اور بھارتی مظالم کے خلاف آواز بلند کی جائے گی۔ آزاد کشمیر میں پاکستان تحریک انصاف کی جانب سے حکومت کے خلاف تنقید جاری ہے اور مسلم لیگ ن کی قیادت نے انتخابات کے حوالے سے اپنی حکمت عملی واضح کر دی ہے۔ وزیر اعظم آزاد کشمیر نے کہا کہ عوام کی خدمت ہماری اولین ترجیح ہے اور ترقیاتی منصوبوں کو مکمل کیا جائے گا۔ پیپلز پارٹی کے رہنماؤں نے اجلاس میں شرکت کی اور عوامی مسائل پر بات چیت کی گئی۔ کشمیری عوام کی آزادی کی جدوجہد جاری رہے گی اور بھارتی مظالم کے خلاف آواز بلند کی جائے گی۔ آزاد کشمیر میں پاکستان تحریک انصاف کی جانب سے حکومت کے خلاف تنقید جاری ہے اور مسلم لیگ ن کی قیادت نے انتخابات کے حوالے سے اپنی حکمت عملی واضح کر دی ہے۔ وزیر اعظم آزاد کشمیر نے کہا کہ عوام کی خدمت ہماری اولین ترجیح ہے اور ترقیاتی منصوبوں کو مکمل کیا جائے گا۔ پیپلز پارٹی کے رہنماؤں نے اجلاس میں شرکت کی اور عوامی مسائل پر بات چیت کی گئی۔ کشمیری عوام کی آزادی کی جدوجہد جاری رہے گی اور بھارتی مظالم کے خلاف آواز بلند کی جائے گی۔
47
آزاد کشمیر میں پاکستان تحریک انصاف کی جانب سے حکومت کے خلاف تنقید جاری ہے اور مسلم لیگ ن کی قیادت نے انتخابات کے حوالے سے اپنی حکمت عملی واضح کر دی ہے۔ وزیر اعظم آزاد کشمیر نے کہا کہ عوام کی خدمت ہماری اولین ترجیح ہے اور ترقیاتی منصوبوں کو مکمل کیا جائے گا۔ پیپلز پارٹی کے رہنماؤں نے اجلاس میں شرکت کی اور عوامی مسائل پر بات چیت کی گئی۔ کشمیری عوام کی آزادی کی جدوجہد جاری رہے گی اور بھارتی مظالم کے خلاف آواز بلند کی جائے گی۔ آزاد کشمیر میں پاکستان تحریک انصاف کی جانب سے حکومت کے خلاف تنقید جاری ہے اور مسلم لیگ ن کی قیادت نے انتخابات کے حوالے سے اپنی حکمت عملی واضح کر دی ہے۔ وزیر اعظم آزاد کشمیر نے کہا کہ عوام کی خدمت ہماری اولین ترجیح ہے اور ترقیاتی منصوبوں کو مکمل کیا جائے گا۔ پیپلز پارٹی کے رہنماؤں نے اجلاس میں شرکت کی اور عوامی مسائل پر بات چیت کی گئی۔ کشمیری عوام کی آزادی کی جدوجہد جاری رہے گی اور بھارتی مظالم کے خلاف آواز بلند کی جائے گی۔ آزاد کشمیر میں پاکستان تحریک انصاف کی جانب سے حکومت کے خلاف تنقید جاری ہے اور مسلم لیگ ن کی قیادت نے انتخابات کے حوالے سے اپنی حکمت عملی واضح کر دی ہے۔ وزیر اعظم آزاد کشمیر نے کہا کہ عوام کی خدمت ہماری اولین ترجیح ہے اور ترقیاتی منصوبوں کو مکمل کیا جائے گا۔ پیپلز پارٹی کے رہنماؤں نے اجلاس میں شرکت کی اور عوامی مسائل پر بات چیت کی گئی۔ کشمیری عوام کی آزادی کی جدوجہد جاری رہے گی اور بھارتی مظالم کے خلاف آواز بلند کی جائے گی۔ آزاد کشمیر میں پاکستان تحریک انصاف کی جانب سے حکومت کے خلاف تنقید جاری ہے اور مسلم لیگ ن کی قیادت نے انتخابات کے حوالے سے اپنی حکمت عملی واضح کر دی ہے۔ وزیر اعظم آزاد کشمیر نے کہا کہ عوام کی خدمت ہماری اولین ترجیح ہے اور ترقیاتی منصوبوں کو مکمل کیا جائے گا۔ پیپلز پارٹی کے رہنماؤں نے اجلاس میں شرکت کی اور عوامی مسائل پر بات چیت کی گئی۔ کشمیری عوام کی آزادی کی جدوجہد جاری رہے گی اور بھارتی مظالم کے خلاف آواز بلند کی جائے گی۔
48
آزاد کشمیر میں پاکستان تحریک انصاف کی جانب سے حکومت کے خلاف تنقید جاری ہے اور مسلم لیگ ن کی قیادت نے انتخابات کے حوالے سے اپنی حکمت عملی واضح کر دی ہے۔ وزیر اعظم آزاد کشمیر نے کہا کہ عوام کی خدمت ہماری اولین ترجیح ہے اور ترقیاتی منصوبوں کو مکمل کیا جائے گا۔ پیپلز پارٹی کے رہنماؤں نے اجلاس میں شرکت کی اور عوامی مسائل پر بات چیت کی گئی۔ کشمیری عوام کی آزادی کی جدوجہد جاری رہے گی اور بھارتی مظالم کے خلاف آواز بلند کی جائے گی۔ آزاد کشمیر میں پاکستان تحریک انصاف کی جانب سے حکومت کے خلاف تنقید جاری ہے اور مسلم لیگ ن کی قیادت نے انتخابات کے حوالے سے اپنی حکمت عملی واضح کر دی ہے۔ وزیر اعظم آزاد کشمیر نے کہا کہ عوام کی خدمت ہماری اولین ترجیح ہے اور ترقیاتی منصوبوں کو مکمل کیا جائے گا۔ پیپلز پارٹی کے رہنماؤں نے اجلاس میں شرکت کی اور عوامی مسائل پر بات چیت کی گئی۔ کشمیری عوام کی آزادی کی جدوجہد جاری رہے گی اور بھارتی مظالم کے خلاف آواز بلند کی جائے گی۔ آزاد کشمیر میں پاکستان تحریک انصاف کی جانب سے حکومت کے خلاف تنقید جاری ہے اور مسلم لیگ ن کی قیادت نے انتخابات کے حوالے سے اپنی حکمت عملی واضح کر دی ہے۔ وزیر اعظم آزاد کشمیر نے کہا کہ عوام کی خدمت ہماری اولین ترجیح ہے اور ترقیاتی منصوبوں کو مکمل کیا جائے گا۔ پیپلز پارٹی کے رہنماؤں نے اجلاس میں شرکت کی اور عوامی مسائل پر بات چیت کی گئی۔ کشمیری عوام کی آزادی کی جدوجہد جاری رہے گی اور بھارتی مظالم کے خلاف آواز بلند کی جائے گی۔ آزاد کشمیر میں پاکستان تحریک انصاف کی جانب سے حکومت کے خلاف تنقید جاری ہے اور مسلم لیگ ن کی قیادت نے انتخابات کے حوالے سے اپنی حکمت عملی واضح کر دی ہے۔ وزیر اعظم آزاد کشمیر نے کہا کہ عوام کی خدمت ہماری اولین ترجیح ہے اور ترقیاتی منصوبوں کو مکمل کیا جائے گا۔ پیپلز پارٹی کے رہنماؤں نے اجلاس میں شرکت کی اور عوامی مسائل پر بات چیت کی گئی۔ کشمیری عوام کی آزادی کی جدوجہد جاری رہے گی اور بھارتی مظالم کے خلاف آواز بلند کی جائے گی۔
